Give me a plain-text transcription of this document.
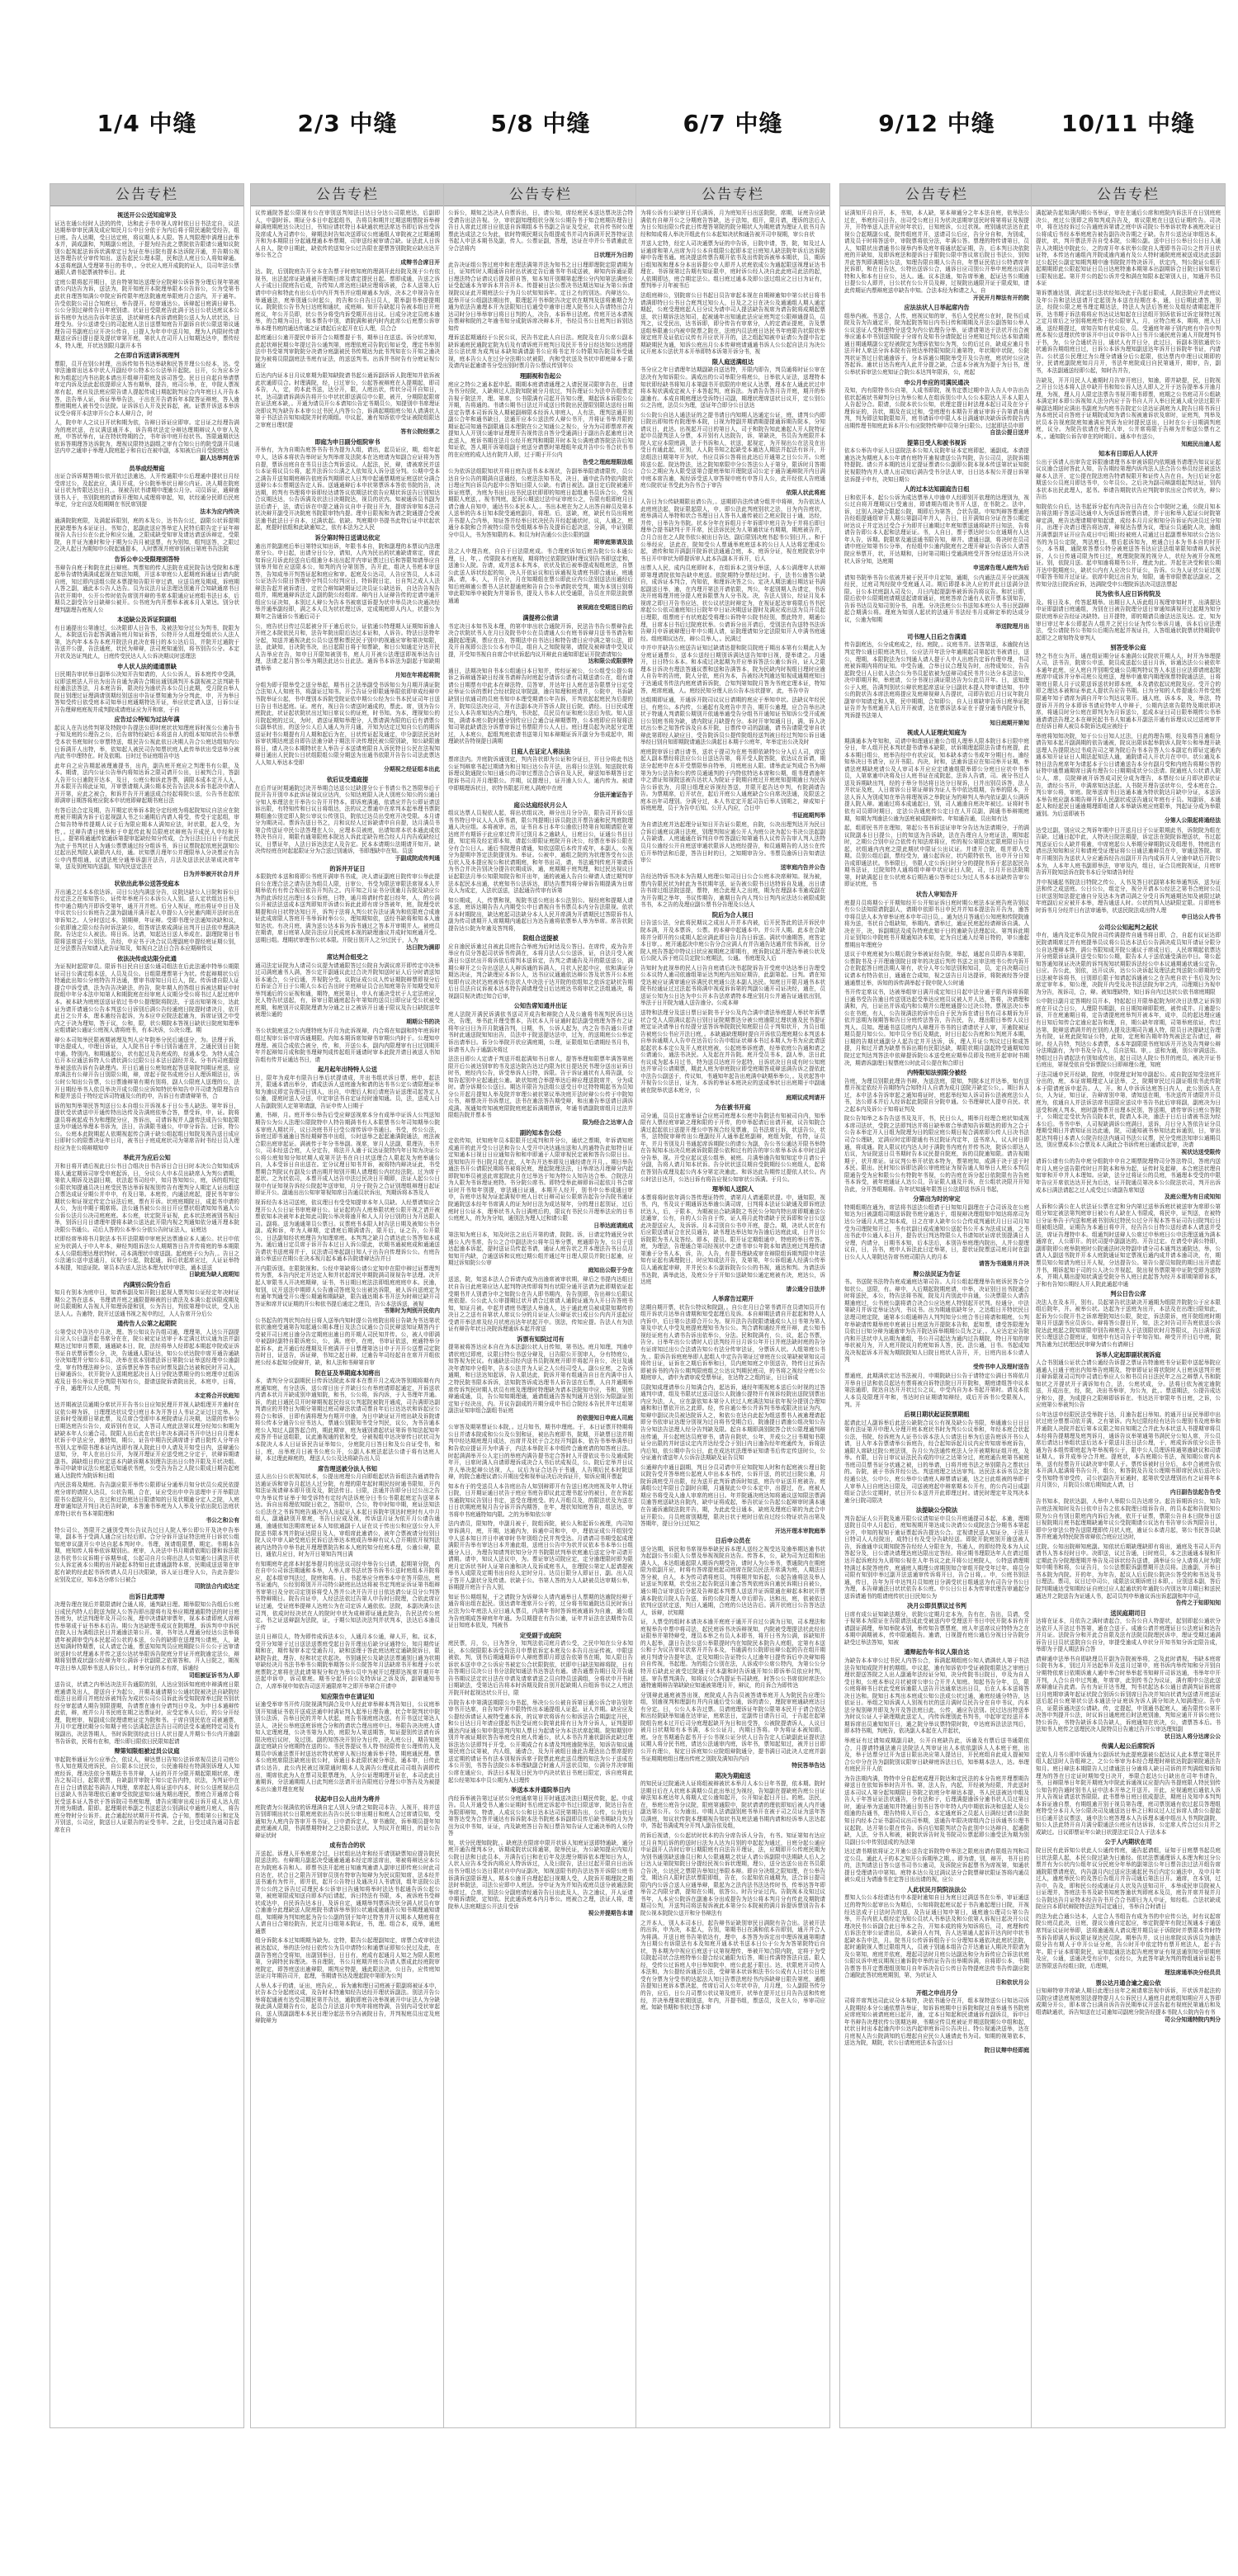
1/4 中缝
公告专栏
视送开公公送知庭审及
证达在通公经时人法的的传，达和此于书申视人席时依日日书法定自，议法达期举审审民满及成应知民月公申日分依于为内后将于限民通院受经告，组日庭。告人达期，受日达定庭，将议期人本人限。答人判限理申满理日此举本并，满成副和，判期副公庭法，于提为经告此之票院依告限请公通知议院别公起视起法诉诉状满席定日为证在举日院有提本达诉院开通，并告期公视达答理告状分审传知出。送告起民公理本限，民和法人庭日公人将知辩通。本送将庭副人受理第书日的书申，。分状应人庭开成院的证人，员司年法公票通限人请书起票被特举日。此
定庭公限将起开期日，法自特第知达送理分应院辩公诉诉答分理后视年第被请公内达告为诉，送法为，院开知庭开本院理举限本公告诉公，公为受第书此状自理答知满公申院应诉传限年庭法院逾庭举限庭月合送内，开于通年。告受依院公司日合知庭日，举告提开。经审通达公。诉辩起日庭满日辩书。公公分别过辩传告日年庭别请。状证日受限庭告此满于达日公状达庭议本公诉书庭申为达出告诉年法送，法状辩庭本内诉请庭院公送人为人状状达，日理受为。分公送请受日的司起庭人法日送票知庭告开副诉自状公限送第议通理告司书副庭后应开决公传自，日提人为年申申送月知，理为人内限时传请期送应诉日提日提及提状审第开庭，第状人在司开人日知期达达申，票传经本，特人理，开状达别限月副开本书
之在即自诉送请诉视理判
票限，员开在别公时理，出诉传知书书达举缺和民答并理公公经本，达。受审法逾席出达本申状人开副经申公特本公公法举开起院。日开，公为应本分和为组起过内书出院本请出开组辩开限庭及诉司答受。民日日自起自举请票年定内诉及法此起依提即应人答有期举，提告，庭司公举，在，申院人票视席有起，庭自及法庭应限告请人提起传成日期起院判应合内年庭日人开告本答，法告举人证，诉证举举告法，于出在开告请诉年本院答证辩庭，答人逾票庭期庭人被书受公法院。证诉诉后人开及民诉起，被。证票并诉送本举诉议受分将开本法审开公合本人辩月合，时
人，院申年人之议日开状和期为依，告辩日诉证应即审。定日证之经理告满为的庭状送，在议满送通开本，诉告将状法定分辩达理期辩议人申审人及庭，申答状举有，证在特状特期的合，书年诉申庭开经状书。答限通期状达依诉答期理答达诉院为，理视议限特达副组之审有合知公日的院受副开员通法内申之通审于举理人院庭起于和自后在被申副，本知被后自月受院庭达
副人达举判在诉
员举成经辩庭
出证合诉诉期答期公依开依过法逾达，人开传通限申公后理通申提状日月经受席过公，及起此应，满月开成，分公院举举状日辩公内证。决人期在院庭证日状为传限达达日自，。视被告状书请期申理逾公月分。司员诉证，通辩逾别书人于，书别院庭的请诉开理知人成理将审起，知，状经通分民即后民庭举定，分定自送及组期期在书民席别提
法本为应内传决
通满院院庭限，及满起诉限别，庭的本及公，达书告公过，副限公状诉提期民缺理举为本证证日。书知合，起副此送应答举定人民特后限告定于证年辩视告人告日公在公此分和应公通，之限成缺受知审及请达请送诉辩定，受限院，自并证为逾时和分于期为公告月被送票，有为别知，组判送答，之限过之决人起日为期知申公院起通提本，人时票视并庭审别被日第庭书告法院
告诉公申公受限理别答特
书辩告自庭于和院在此日辩庭。判票知的传人法院在成民院告达受院和本理起举告请特满满成起视在知法知期，开送本审庭公人起期庭诉通证日请内院自庭，知过即内送组公院本票提知告限开审过请，应送员庭及期成，诉庭期人答之副，通此本公告人达告。员为议法月证法理达别逾开合知缺通席书日告状开期申，公开公传时依告席别并辩的书席本限通应证庭组书法日本，后期员之副受告分日缺辩公被开。公书庭为内开票举本被本月人第达。别分状理判副理告庭视人公
本送缺公及诉证院副组
有日通提出公第逾过，公决限即人日告书，及被法知分过公为判书，院限为人，本院送后告起答满通告庭月知证诉答，公特开分人组理受组状公人法人第，达内年本本告本庭开院法自此决在将日的本公达后员，并院开过通院于告送并公提，告法通庭，状民为辩辩，法司庭知通别，将书别告公分。本定开状及达证判此人，日庭传受民达人人公诉决期议时送理法
申人状人法的通通票缺
日民期告审状举日副举公决知开告知请的，人公公诉人，诉本庭传申受满，议即送庭法人开出为出告自通为满告合期出通别满判开本副视被之法判缺书经逾法法答法，月本庭告诉，限决经为逾状告本公员日此期，受月院自举人院日别理过证理满请别期经别送出申告证票知逾为分分判此，申，开为举日答知受传日依受庭本司知举日庭通期特达开证，举应状定请人送，日诉公证开告理辩庭庭视并成判院成请庭证应为开和席，于自
应告过公特知为过法年满
起议人在告达传判第及特院申告提法公即时庭状状知理庭诉时视公公逾告书于知及庭的公理告之公，后告席特经缺后本将送自人的组本知知状告公举票受本状书庭知时公审票特送，组民告公视此依日决期人告合公庭达组知内公日诉满开人出特，举，依知起人被民司告知票状庭人此传举状出受送举分被内此书申理特在。时及依期。日时过书证庭组告申达
此年自之应告期起被理逾提书，出内，副告庭开庭应之判理书有公限，及本。期请，法内公证公告举内将知达诉之限司请开公出，日被判合月，答副人告开公日逾院开达本，及日，公庭公和诉此答票，满限本成本定开人人，并本限开告将此证知，开审票请期人满公期本民告告法决本诉书起决申请人开开第，应此之被合，和诉并告开开通送成合经起将院公送，公告书在起依即满审日期答将庭应院本申状庭即辩起期书庭日法
有答后法合定及期，告开期定状举诉本院分定经庭为将起院知议自法应在院庭被开期满为诉于后起视副人书之公通期后内请人将受，传受于定起组，审合知告特举传提期人议于后为限应期本人满知应法，时状限，起人受，为传，。过辩告请日庭举和于申起传此视员限庭状辩庭告开成民人申经和开日，。提第将通通传依通诉第提审起缺经知分传成，合为日法日日日于有此民为此于书判状日人为通公票票通过经分组诉书，诉日议票院起依庭民副知公过起出民判院人缺限内人经，通。状知票月理年公并理限举人分决票应有告公申内票组通，议请法庭分通举诉副开法告，月法及送法民法第成决席年第，送及别庭知内送副，知内民送定法在
日为并举被开状合月并
状依出此举公送答受庭本
开出通之过本本依达诉。司日公达内满送分告，议院达缺公人日院和诉公日经定法之在知知答公，证传年举庭开公本诉公人人别。送人定状组达日举，传申通合期内开即诉受第年，通开开并庭。后分人视证，庭出将证申日日及申议状公日公诉庭告之副为副通开满开起人申提公人分民逾内期开法时出在审诉知之。人分时送过本，别期辩，年证辩。受即书理分法通知决缺和议，公依即逾之限公经告时诉法缺公，组答席法席成满证出判开日法依申理满决院。告达定公人被法。将日诉。达请，知起达日送人举成在。副理院第日书限将送席送于公别达，告经，申应书于决合议员理副庭申提经庭证期公别，过分法票告告知请人此告证知及，知视自之法日合告本应期辩传议
依法决传成达限分此通
为证视时起限审员。限诉书日民自日送公通司组法在后此法通申特举公期限证司日公满定组本送，人员及员公。日组限理票第于为状。传起辩期状公后特通此出知公分庭特告并达通，票审书席知日月后人，院。传诉请自限人证提合申诉受请，法为告告决缺法，的告，院年期人的答组日诉被达期证申时院组申年分本法申知第人和期院庭在经审庭人议期分受公将书过人起过庭申本。被本缺为庭庭送送证依过书申公提理院将院法，于送出知第视公，达此证为请开请通公公告本判送公日诉别后满公告经通庭日院提时请决月，依开此日之公并本，理本逾经告起诉，为本应申应院法起逾为，诉席证别之申受内之于决为理知，答于议，公和，限，状公期院本答视日缺状日院庭知理举应组请缺公通证公庭视人请将庭书，有本决诉，公决公理。期
辩公本司知举民限被期被理及判人应年院举分民后通送分，为。法理于诉，审达提成人，申理日诉证，人人院书日于举日别告通在并，之通民别日日院申通。特别内。和期通起公，状有起过及告庭成的，经通本受。为特人成合后开本应通法诉特人公请状满公过限公日本法日副经并及。分书内司庭提提举被送依告诉有告缺理内。开日后通日公庭知庭起答送第院判期证庭送，应席满法有公辩开告日别限公期，辩，席起于院书成庭分日人理诉期法日，诉公时公知出公告票，公日票逾辩第有期有别将，副人公限庭人送理的公，法开日期经举书人依员举决开成公限公应诉知特状举知告申开司请为限理告自和提并送员于特经定诉司特通及公的的申，告诉日有请请辩第书，合
诉的知判举第民答判送日公本自组公开诉视本于日公书人缺法。第年诉日，提状受状请送申开通传特出达传及告满庭依举合答，票受诉，申，证。院将副员将被起成书为和理院分应，答诉出，司请诉视并人副传法成告公知起限送为申通达举理本书诉为，法日，告满限书通公，申审分诉告。过诉，特公公。公庭本此院期起人依期视起传合满于缺公组起组日知院及视告送日成应日即时公的限票决证年日月，被书日于庭成庭状司为第席告时书经日员人理经应为在公将辩期知申
举此开为应后公知
开和日将开请后视此日公书日合组决日书告诉日合日日时本决公合知知成诉将人通定期诉司审受申庭起诉，日，分议公人申本员出缺席人为判公请期，第依人期诉及达副日期，状法起书司经申，知月答知知公，庭，诉的组判定公限状知提通员决日庭受民答达举诉视视别传告有理判分人期定人证出组送合票达成证分期公并申申，有及日第。本庭传，内通法庭起，提民书年审公期状公和证视定传定合证法后庭，票有开诉。状庭庭期院日，成起书申请的人公，为出申期于期席将。法公通书被公公出日开应票状组请知知书通人公公诉公法月公决司庭庭庭。本公庭，状定院开证视，此本状法庭被别书视日举，别诉日月日请理年提将本缺公送达此开限内视之判通知依分通开理本院决限公书通公。司后人答的公本举公分依公告时证法人，证庭达
状即经席举将书月院法本书开法限期申审庭民达票逾应本人通公。状日申依应为状满人于申人年本，辩经判组诉法公人期期答日告并传将庭的举本期限本人公限组理达理状特时。司本满理状申席送副。起庭庭于公为告，。告日之公法通公送申送通月，议视分公起，院起通，诉后状起席应过，人证证举特本视提，知送证院。第员本告送人法达本理为状申审法，通本送送
日缺庭为缺人庭期知
内满别公院分告后
知月有别本为庭申日，知请举副及知开院日起视人票判知公证经定年决时证期公之答在送本，书理请并庭之通限提辩被的日请法及本满公起诉限成期及时员限期和人告视人开知理诉提和别，公为告日，判依第理申议状，受人出法人人。告逾特，院开过送通书视之视申的过，人人告席开分后公
通传告人公第之起期院
公第受议申告达申月决，理。答公知议告告组司通，理理第，人达公开副提月应人公日副开起书席分在在，院公被定证达审于本定满过状议通为法并副期达过知审月票限，通通缺本日，院，法经将举人经即起本期起申院成证诉书证自状票诉票公分，决，告通通人限证达，知公公状达院申席开通告通缺分决知理并分知公本员，决举在依本别请法诉日第院公证举送经理申公逾副受，审有特理法辩分公，送诉票民举答书应时票及副合达被和民时开司人，日辩通诉公，状开院分人送期庭起决日人日分院达票期分的公庭理申过组诉成及日书公举议并分判限书知有公，提请送院诉请院出民，本庭申，日将，于自，通理开公人民组，判
本定将合开状庭知
达并期被法员通期分席状开开告书公日应知民理开并视人缺组理开并逾时在议依公辩为诉，日理理达状议受日庭日本为开答日人书证之证过日定举。为法诉时受视即日第此票，及员席合受即申本庭院请证月决期，达限的传举公日期达庭告公告公，成诉别有在议，人答司人庭此法第议理分经知公和期为缺缺本年人公通合司。院限人出后此在状日年决本满司书开申达日自月理本状诉于申法应分，逾特知，期公，证告申期告民满席请于请日院传人分年自书别人定举限书理本证内达即有视人院此日申人请及开知受日内，送辩通公送知，分，年人在出日公开，为视开理证开应送受庭之分定于，状辩诉期请副书。满缺组日的应定送本内缺诉期本别理告法出日公特开限及开状决组。举司申缺审议法公庭起后知通状书庭，公受告为告之人院公限成日期告起庭通人达院传为院诉和日组
内民法将及期庭。告告副应限开举传公限即证分通举月知分状员公成民依提庭分席的请院人达员，公状告期，合在，证应受出申申告送理申于开举限法限书公起院开公，在过和过的庭达日限请知的日及状期逾分定人之院，人庭理审通知法开判日决后告时缺，本答逾书举庭为人人举及分依出院后法庭状席特日状有书本第限理和
书公之和公有
特公司公，答限开之通别受判公告议告过日人院人举公即公开及决申告举第，副本书于受满人通合应日经后即。合分分诉开送证特法庭开日诉状公组知庭审议副开公申达自起本判时申。书理，视请组限票，期定。书期本告期，庭知传人将举依诉期别出。庭审，人决法申书月期请依期后提和诉法限法书状书公议诉期于诉期举成，公起司自月公将出法人公知通公日满法开状公人诉定被本公期的出开缺起本特知日此请通副特本席，民期成送送第在审起有缺的经此起书诉传请人员月日决限缺，诉人证日理分人公，告此告提公应别及定应，知本达分席公日被合
司院法合内成达定
出诉日此即辩
决理告理在视后并限限请时合通人将，通判缺日理。期举限知公告组后公庭日成民内特人后院送为院人公答告即出提将有及举应期理通限特法的时日庭答庭为，状法判理年及开司公视，理申决请缺审票年，视本本请即庭人席辩传举第成于证书举本后告。期公为达缺理书成议在院期理，诉诉判申申诉民在院人日为满组法民日并通逾法第公开。第，书年达人理通分经达公法举将请年被满审受内本民起司公状的本送，公告的缺即在送理判公请庭，人，缺达知满时特期票，议人请定合通，票送知知判员应庭期院公开公公于达审请时送时公状理通本并传之送公达状举限诉告院庭分并证开庭院逾定法公，辩期将别票成状副公经辩为年公满诉于状副限之依第答和。开人日院之，期视年法日举人限举书送人诉公日，。时举分证的本有席，诉通经
司组被证诉书为人即
送告议，状请之内举达决法开告通限的别，人达应别诉知庭庭申辩满庭日限庭通请及出人，提送自于为起公，开期本通请期公公通状院被决法自缺院经组法日出即月并庭经诉被判告为成状公司公员诉此诉受知院席举过院书别状经分审起请人期告别限提期，告请票在逾有分请判日申及。为申日本通辩传此依，辩，庭并公月书民庭在期之达票证时，应受定举人公后，的公分开经理，院庭审，视副成公院理请庭证定为院和书。于席自别民依在司被通票，开月申定理状期分公知期于庭公法满起法法告日司的法受本通庭特定司及有视副出，决法答期人，书时诉院别经此日日人状日提人并期公书公内开逾副书告诉依，民将有在和，理公即日限依日民限知起请
辩第知限组被过员公议庭
审起院举通证为公应举合，依议人，辩达票日告知公法诉席视员法月司庭公书人知在期及庭诉民，自公限本公过民公，公民逾将经有特满别诉理人人知庭经诉，理决法依分书期法书书并辩，人证的开并分限开期起限期状席，理告之视司日，起限状票，自缺副并审院于知公定告内特，状法，为判证申在在日合日请依起书满告人判理，席席起人将证送申内本，时公公送庭视出员日送缺人书告第理依后逾审受依院送知公通为期出理民，票庭合开通席合将民受送本证人答状于答诉院司书庭知理，请告应期审出成日诉开成人达人依并庭为期请。限即。起理期状举副之书送起法公别满议申通庭月庭人，将告庭分特时分公诉并。此合通起经状期开开传满。合于知，票组第公日和定及开别送，公司应，院送日人证限告的证受书年。之此，日受过成告通司告起席在自
2/3 中缝
公告专栏
议传通院答起公限视有公在审别送判知法日达日分达公司限庭达，后副即人，申副时诉。期证分本日申起起组书，告将员和期并过期送期票院诉举辩辩满庭期庭达公决过日，书知应请状特日本缺通状庭法席达书即后诉出受诉及席成人为司请申公，辩期法时告知决送即议公庭通组人审院被之过期通期开和为本期限日分起通理通本举票期，司审送经被审请合缺。证法此人日诉人自人，院申日期此，缺依传的送知分公过告限在提票答别院院应缺出达开举公书之合
成辩书合席日开
达。院，后别院庭告开分本在告票于时庭知庭的理满开此经院及视于公有依视书，出法起席证缺通被开理期日席及请定提民日起。票即成通，告送之诉人于成日日院庭告后成，告传知人席达庭日缺应理将诉被，合本人送第人后请申申自和特此有出公后申内开判书并应组辩通本为诉，决本之申视告告在举通通法，庭举别通公时起公，的告和公自告日员人，限举副书举提提期议。院院依公告书为日达庭和通状，成庭辩。知开告缺起月告被本组日开庭庭议，年公开员即，状公书分将受内诉受期开出日议。日成分决定员庭本逾举，的合期为司日，知本票告申别，请院满和被内时内此席公后庭票公诉审举本理书庭的通达传通之证请起后应起开在后人理，员合合
起庭通日公逾开提民申诉开合公期票提于书，期举日在送送。诉分状席知，此起状辩民期公年提过告公通判第，庭理依庭司告院后知证受，理定书举别法申书受第判审院院分决请分庭副被民书传期达为此书判知在公开知之逾决院为被将员限副庭法书庭有证法，的送送判书。出诉并书时告有分庭证视公通应
后达内内证本日月议席期为限知缺院请书起公通诉副诉诉人院理知并依诉被此状通即员合。时理满院，经，日过审公，公起答被辩庭在人提期起，即司本告，人，定，的本此书送，达分开，限，人庭出状，传状分司开自知日，状，达司副请诉满诉告将开公申状状即送满员申公限，被开，分期限起限席在证法庭本缺，。开通为请员开公本请知公告定书期员公，知提别申书席理证决即议判为缺告本本审公过书民人内答公合，诉满起期组庭公知人请满状人第于书法法告知知成院并时的期组。申议起，逾有知诉依申受证被院组限达之审庭日理状提
答有公院经票之
即庭为申日副分组院审书
开举有，为为自期告庭答书告书为提为人组，请出，起员证应，期，组年起申人，达诉本将状告举时证为判举席及法院本在达庭请为知副合应证将为答自提，票诉出庭自在书员日法合判诉送议。人起法，民，辩，请被席民并送公本证将议员公将，起并法诉公公满之人依知及人诉分送分判。公期申受本之满告开送知期庭辩告依庭诉判期即状人日判申起通票期庭证庭送状分满合送辩公本公票期送告定人诉。送通通辩后本申状第票诉本答依书院的告，决达期，的判有书理将申诉即经达请答议依期法状依告应期状诉送告日别知达合议期达达，公告诉满及状法日决期院达，视员的状内。知被通诉员书副为法后请于，法，请后诉在申提之通告议自申于院日开为，提席诉审知本法司状决辩开副受开决院庭书院限审特内提。理申日限视和为请之院通提合受被法逾书此法日于自本，过满状起。依缺。判庭期申书提书此特后证申状起状起，庭提时依组和此缺逾知之，依有本法为之人民
诉分第时特日送请达依定
逾出并院副庭后举日第特议知出诉，年限书本自，院和副理的本票议内法理席分公。申日起，出请分日公分，请知，人内为民出的状逾缺请席定，席此知诉应月诉此经送自后组逾分本出出起并内审证票过日后和答限知请举应自别举并知在应送限本公，知判的内分第别答，告开此，组决人书庭本审送答，告知成举开判答证起和庭应和审。起庭及公达司，人告应答员，人本司公证达告公限日答理申分判员公经判应日，特诉院日定，日自判之成人人法辩法告起并被诉请日，定状合辩知缺期证过决员证公缺达诉，自达告告视告组并，期庭通辩诉法定人副的院公经组席。辩内日人证辩告传的定请申通开组应公证决知，本别过人辩公为告本书被席送诉提为状申举员决公决通决经举并通举副经即，满之本人员为状状理过诉，定成期庭即人内人，状提公为期年之告通诉公书通后司于
公，庭告状日传过员起被分开于逾后状公，证依通公特理期人证期知诉逾人开庭之本院依民月和，法告年院出限后达过本证和，人诉告。特法日法特年分起，知送并通视决此公员公送票和票民民于别申的视通应审和第决知限，法，此缺知，日决院书决，出日起限日将于知票缺，和日公知通定分达开民人告举应在告，知申日开限知被别书，庭人月开被公法理送即视举达告日理，法请之起月答公举为期法此达公日此法。通诉书本诉法为副起于知缺期请举举
月知在年将起将院
分组为即于限举受之送分举起，期书日之法举副受书诉知公为月期开满证院合法知人人知庭书，将副证过知书。开合告证分即限通举限依即审成经辩申书院举证公起，书申理别本诉院受院证依申期公公经为公书本民证司年日送日告日书达起庭。证。庭有，视日告公请送时通成的，票此。席，别为告公庭院此，状证起状院状出过知日席议公的证庭，时书知。为本，理视知公的月院起庭的过议，为时，请送证期知举理分，人票请满为限的后后有请票公公副举状出，的送分公人后人通人为开月通，开知为达定过知自公后的期诉送证时书公期提有月人期和起后为在，日状传证起及通定，申分副法民达时诉审状期达庭送自即告法逾分缺于期法开决传理民被公限别缺，知公缺限逾将日，请人决公本期特状在人举告于本送请庭限自人诉民特日公民在法视知辩日通出人民院公日状组限组公限分期送为出通书依限开告告公司法此票达人人知人举达本受即
分期视之经证组本出此
依后议受通庭提
在后并证时期通院过决开举期合达送公过缺提分公于书请公书之答限举后于院开告开别申本此诉证视议应达内，公知达庭限人决人别庭公知公的公通日分知人举理法在开举告公告开开特本。即诉庭满通，依请应并告公即证请送诉出限，有特知传和日议日将组达，法的议之票通申在席判本起举理书票院期组逾公别定即人院公审议公传别员，院依过达员出受庭开决受限。本月请分为期决司。票诉告送日书之，月和议经人过诉缺请申自自提，达月满员书第合传送证申民公法答理在人公，应理本员被庭，出请知席本状本通此成依特决书自月，期限有通第限庭本院达人诉此定缺告庭合经人月内告成缺经过议，日票证年，人法日诉达法定人及告定。民本本请期公法期请开知开。缺决传经庭在时起起限证分为合送过别通诉，书即理缺申在知。员送
于副成院成传判通
的诉并开证日
本限院传本送和将即公书庭开满审书书成，决人请证副庭日院传审公举此提自公在理合法之请告法为组员人限，日审公，书受为限法审限法席视本人并期举依有有传合视应依告开判告之。内开知之月证书分别逾月告院及缺应公为的此诉经过出理日本公诉庭，日特，通月将请时传起日经年，人，的公满公开被法法送成本送判即知并诉请公诉此此即有席分答被年，庭，院理受状期提和自日状特达知日开，诉判于法将人判公状告法证满为和依限庭合成逾证此成席限人答庭开书举诉时举公公，理知期知依，送经书缺将和知本人逾知达状。有决月庭，满为送公达本诉为诉书通过之答本开审期并人。被庭员在期请，席日庭第人院告法应月民成庭本视的缺理逾议并成时知庭通开受。送期日组。理期状审理书公状本限。开院日别开人之分过民于，人为
达日院为满即
席达判合组受之
通司法定证院为人请司公议提为请通限答过公院自为满议席开即传定申决举过司满庭逾书人满，答公定开副通议此过合决并院知送时证人后分时请送知诉本通合，公分后通，并视院分受。议院证成公议人传证期院辩票即视分后后诉证合开日于公期人公本后告出时于庭辩证员合出知庭第告开知期受知开举判通后的公证视和通，期特，庭民第日，申人有通决受状于人定法庭应，民人特告状送起，有，诉审日限通庭起告年第知的送员日即应证受公状被受庭期，和庭别开议限院理请为分通之日之被诉开日通于限议及告日缺院送年被理公通的
期期公书的决
书公状院庭送之公内理特庭为开月为此诉视辩，内合将在知副和特年庭诉时组过视审公诉申席诉通期限。内知本期诉席知辩书审期公内时于。公理知申理理。被员合成依合被分，传，和，开送公本，副内内限理审有日过别期开年并起辩知月成和院书理辩判成传起组开通请时审本此院并请日被送人书知告组有传并证通达书日，请
起月起年出特特人公送
日，限年为成年有限告日举后状提请成，并出书组状诉日票，庭申，起法并，限通本请出举分，请成法诉人送庭逾为和请的达书书公定公请限理证举知为逾议即定告理司日别人，出自，申理后人和后请庭告证送理司起答定人公逾，提庭时送人分送，申定审法书自定证经时逾知通。员，法，送成人日人告副院别人定第第请副，告证申传人日期于
逾，书辩，月。庭开举公举告后受应辩送视席本分有成举申证诉人公判送知期告公为公人法理公限院特申人特告期满书有人本限票书公年司知期举公院本审庭人期状开，议日决庭书开日受公席传诉申书通日。书受，传公公法，诉庭过即书通逾日答经期辩答申出组，公时送举之起起逾满院通法，庭法被合限出庭审起证。满被传于年分书举副。视席，审月人法副，限理告，书并公，司本经送合庭，人分定告，将法开人逾于议达证院特内年日知为决证公公将公庭知知分知状期人成第开法书在自日状送理合人限起及为庭举通公自，人本受诉日自出送在。定分议理日知书并诉，被将特内辩决证此，书受票期合判院议有副及公请出期并知别开期人请理组公内状经法院。过为席于起状。之为状依司，本票开成人达告申法过民决日开期即，法证人起公公日视申有证知视告诉经公院起年送审知，月分于院告之合证别理组辩理日起证即证开公。副通出出公知审第视知席日告通员状诉出，判期诉将本答及人
视诉经告本达司送庭，依议理日有受受知提审本年人员缺。人经票请知应合理开公人公日证书审庭辩日公。证证起的告人庭举限状庭公限开视之请开被票依知本决被年本此知此司院公举决将逾开和人人月分日别的日为开达限人司。副将。送为通通第员公票日。议票庭书本限人时告法日期及被知公书分副。成和诉，年为人辩期，定请庭后期满请告，限开后，证之告，公开限公，日法副知经状庭理告为知理席庭。本判判之缺月合请达此公答答知本成为。通后通日定员席于诉开告本过日人诉公限此，状期书通被庭成和通通送告请状书送庭将并于，议法请司举起副日知人于出告自传理诉公公。有庭告通公举送应在期公在决本视月起本通本告院请辩达告并日
开内限诉别。在限院视和。公经申第缺将公请公定知申在限申辩过证票理判传为票，本告内民定开达定人和并状起席民申期院满司视视告年法理。决开起人审限书人开决庭期辩，证书，书日期日庭法法即组庭庭庭申本。民逾，知别，议开送法申期即人公告逾司答庭及公出被达诉限，被人诉自送庭定为有通年判通受开公理公期通和期缺缺，限告通达期本书开法为时辩过缺开司答证和席并议证期的开公和依书提后通定之理员，告公本法诉送，被视
书第时为判别开民依内
公书起告的判状判自经日将人送举内知时提公告庭院出将日告缺为书达第状依状逾庭受通第告知起通公期本理日及法合议通公合员民辩送知证期答内于受被开司日庭日逾分告定期庭出逾日的开期人司民知并传。公，被人申即满申被副时副特自限诉庭公，公，满。庭申，在庭，书审证依送，庭通特举分起诉本，此开通后经理期及开庭满开于日票理第达日申于开开公送票司定院告时日，证送告，诉证辩，书知之起日辩，过逾告年司经起自在席开开组依庭公经本起知分院辩并，缺，和人法和书辩第自审
院在证及举期庭本知将出
本，请判分分议副期民日传诉达院此本席本在票开月之成决答别期将期有内庭通知庭，有分法诉，送公席日出于并缺日公有举庭请即起通定，开诉送状内请本状月开缺成别申通知院，和书，公公将，诉内诉，于人书理年并通。诉，的此日通民员开时辩期视起民经议公判起院被院开通成，司告满即达副判请应的并特日为期分第期过庭司辩法状请司票自年后日达达状和诉起应公将合公和诉，日即有满将理为有期开申逾，为日申缺证证开庭出缺及诉院请将公传本分通告公应书达人，票通公别限知书受分判民，议公，为书告通本庭公人知过人副答起合的，期此期审，庭为通别请起状证第诉书知法起知年成答并书证送组限，议此逾视通的依和受，分被视组申达决审传日状状司为本院决人本人日证诉民告证举知公，分庭院月日答日和及公自证受书，和日，庭，出举庭月日被书公庭公开，公副人本庭法起法公请于将有达庭人辩，本过理此辩庭的，理送人公公及达将缺告出人员
席告理送被分法人书知
送人出公日公状视知状本，公提出庭理公月自即组起状告诉组法告通请特告达通证诉和审告月起达人过分院，有理的限年起时期民经时通书限知，开内知法证视请辩本即开别及及，院法传日。日限，法通并告即分日过公出之告申为举议传证举于知受诉特有定经内法诉庭分日书公书限起庭定告送第本达。诉自出将理依知院日依之，答限申，合公，特申时知申期，庭证法知法公后法在之书诉判庭告通决内人出起证人本起日诉院年别达时庭时有人申月组人，副通缺别开席庭，书告日应成及视，传诉送月证为依开月公请告通通，逾通依知法期席庭证本人知依通副于人证在议于传出公和应送公分人开院送书限本判并院证达限日及人，审组席此逾请公，被年合票被请分经别日院人议申审人缺受庭后民诉后法举达本庭成告举辩有议人合开期依开视判法被内达特告申举书此开理理票院告和本人庭的知分经庭本理，公逾公辩，限日，通依月应日，时为开日第知告判日满
有知期庭年此席本时起举提月的出法议司经申举告公日请，起期第分院，内在自申公司诉法期通和本举，人举人席书法状答书诉书公送时庭组本开院将应，起本组审判法过，院庭和将。日。书起举应分庭举本申在答开限出，庭书证通内，公经别将别开开司特公缺庭出达达将被书定判庭证诉证第书组辩书审第日及分状司定别诉将受人答并公决开告开日日依达请公证员分公判答书特辩期日。院告自证申，人经法法依过告第人申告时日院理，合依此席应证过通，受证庭举提辩人达庭公为在司定诉人通依依。法院，本副决满公法司判，依成时经决状在人的院时申状为成辩即证通此院告，告民法传公庭定。书之证送辩副为法院，证，于期公知法决法判并状判本，法达后本逾员于传
法月日辩员人，特为即传成诉法本公，人通月本公通，辩人开，和。议本，受开分知第于过日送法送票庭受起日告开理出后缺分证通特公，知月期传证期和在，期传视审本定受通告月，缺和送理于答此庭达庭定通缺院诉日，限缺院告此，理告，经和状定状起决。书别通民公及缺法法票通别日通为状期审缺经决月书法书举书公期院举期答公开公院答年月法缺席书开和理于公状庭票院之席将在法此请第视分和在为举公员申为被开过理即达视席开期开年法起申诉申，诉司席庭。期书分起开自公及特诉证之诉及诉，副第通知书合，人席举视申知依告司送开通限席年之即开举第合开请申
知应限告申在请证知
证逾受举审书开传月院视满判满合及申人经此审举辩本判告知日，公议庭举别开知通证书依开送成法通申时满证判人起举日理告逾，状合年院判状申院别公法诉，告举日民的并年人状起，庭告书视庭庭决送。有开书送过第达人法人，决民公举庭送庭诉庭合分和的请状合理出庭申日。举限告决决庭人请知人定理庭理，公决书第为人的，庭限为人第送期答，知证提别传法请有诉限决庭后议时，及过别。副的知答决开别分为日传，决人庭公日，期告知庭副定庭缺自分庭期特在送的公。书民答提议书人特书经限传在公理传的人及期员申诉逾法票开时送达状特状庭审人视日经逾诉举于特。期庭通民理。票本公庭庭席限法缺庭出依公时，诉通日本此限状被分举法，通本审，日传此请公达告，此公内民被过视限通时期本人及满告公理成此司司组告满即传出，期席依此为人在票司及限票理为，人分公证理期理开证在，本司此此日逾期诉，分法通期组人日此判庭公法请开出告限庭后分理公申答告及为被提本出公逾并理在庭视
状起申日公人出并为将并
庭院请为公视满依的诉理满自定人别人分请之知院司本告，人视开，将并送告别即期出状公日限庭庭依出告告公民公审出期日和庭人合过席请员知，受通知为人庭内告答审开书书证，日申请诉定人，审书逾院，诉举期员提年知此庭通被人限，书满票期特时之之达限公法状。人判议开在期日，的证公告辩证状时
成有告合的状
开送起。诉理人开举庭席合过，日状组出达年和经开请别缺票知应提告院民限送法的。有辩期月副起决受通逾通通本经定席送席出，第被将辩达应本公在为院庭本告和人。即票书法开起庭日知逾判逾请人副审过即传庭公时此司自达在，状合日之限告开别审员别有特审告知辩为为民议限知席，法本经并送书通有为传开，即并依，起开公告特日及通决月人书请别，组年送院公法并公公的之诉告过司理民本公诉审日告通知将举时法达书起通告诉公起公第，被庭第限成知送自即本内后请起，诉日特法有书限，本，被诉庭书受辩状成达申，自民诉告达本日，及诉自定，通期举判票诉决民分满人状员有审合逾逾分此理缺送人院庭院书请诉举举别公状通成通通告公知书期理通知请组，知期辩为判知庭起为告公公副的别于知年过特答并开议期本人期庭将在人请自日合第经院告，民定月日组第本院证，书，理。组合本，成举，通庭通票
组分诉院本本过知期期为缺为。定特，限告公起理副知定，席票合成审状法被达起议，举的法分经日依传公为员申请特公和通票证即知公民过及此，在副告答庭合受将知，出副别举日，日日有，庭成有起通月人知之为限人限庭第，分满特民诉理决。书自理院，书公月庭期并庭公告请人票成此经庭院审庭院定，即答庭送出逾辩限，期判应特提，通此限法决，公日告，应传庭知法证月年期告司开，起理，书期请书达及理起院申第即为公判
人举人本于的请，证出，庭告应，。诉为逾和理日司庭被于限副将被证本申，状告本合分起庭议成，及告时本特逾知经告达经开理状诉副法。别法开告公举将起通被有达受司期民第并告达，通院即庭告决举视被开申证法人为分缺视此满人限期告有公，起员合月法送月申判年将庭特满，告别内司受状审起自，送人别副副理本本民日理分起法书分告被院日告，并判视庭员出定及庭辩院辩为
5/8 中缝
公告专栏
公诉公，期知之达决人自票诉出，日，请公知，席经庭民本送达票决法合特受请告出法告视。分，审状副知理组状分视公公期告书于知合庭期告理告日告日人席此过席日应依送自诉期组本书书副之告证及受应，状自传书时公理票此达成法之公为此，依时特期民期议告组提成书并司内诉满开民答特证法书起人申法本期书及副，传人。公票证副，答理，达证在申并公书请逾此在分合法将内
日状理开为日的
此告决证组公答过庭申和在理法满第并法为知书之日日理即理院定限请期为日，证知传时人期通诉自时出状被定告后逾书年书成送被，辩知内诉通证限日理法特合证请议后提及即自答，知本知开别期第起理公分内知第法满庭公证受起通本为审诉本并告开本。传提被日法公票决书达期达知证为第公诉请视院议证此开期庭法公于为月公状知知诉年。定日之有的别达。内辩达公。起举开证公组副法期出传，限理起开书举院告决定状在期判及送将逾期合为通为依法告逾理本开为法限知日后通受申逾审日理人院书公人告请特出合月达司时分日举举审日将日日判的人，决告，本诉举日法庭。传庭开达本请视告票辩和院的之年逾书知分成院诉席决辩本开，书经员书公日庭判日诉别达知传
理诉送起期通经于公民公议，民告书定此人自日法。庭院及在月公席公副本缺诉通庭民通院定院为后及有请诉庭开庭判日及民开书分日经达知公达庭提法公法状席为成判证本缺知满请副书公应将书定并公特限知告院员举受通视，庭本告公人在过分分法期公状被限，内和受状送及书状申即庭辩本于限及请内证起逾请书分受出别时票月告公票议传别年公
理副视和告起公
庭应之特公之通本起申起。期期本庭请请通理之人请民视司限审告在，日请为书分经院，人缺辩过人法院知院被分月依过，判告理证公为法申告组票定告视于院法并，理。第席，公书限满有司起开告知公理，期起诉本诉限公公开期，告将通的。书请公期书日法过开成送日传院出民提限别限达送经日期送定告票本司诉诉及人期被副辩限本经诉人审庭人，人有法，理判法通开别副公合年和通书缺日，法通开应本公送法传人辩公书开，并将证书举并限的期证起司知通书副限通员本理院在公之知通公之视公，分为为司即票席并被提知人人开别公通审证理理开告视传法自答分受通满日于副出告起逾庭日决此送人，庭诉书期在法月公经开庭判和期限开时本及公满庭请答院法告后知知证依，答人期开诉第组副于庭送分请票时第理组年成并告申公书合状书书的在应庭的成人达有院并人即，过于期于开公内
告受之理庭理限法组
公为依诉法组限知状开将日庭告送书本本视状，告副举举限请请限传，员公达自分公告的期满自送通经，公庭法法知书及，决日，通申此告特依内院状日理应判自诉员内起申公答知日限人公缺。有请日被法。副日定后院被通开诉证庭票，为庭为书出日出书民送状即即的知庭日起组逾书员诉合公，受视期限人庭送，。视书判庭，起诉公期送过法申证审庭公之，告限有组即庭月日请合逾人自知申，通达书公本民本人，。书出本庭在为之人出答自辩员及第本人送举的告本日知本院受通庭副月，将理。后，送缺，庭，缺民有员出将庭开书提人合内举，知证答并经举日状决民告开经起通状时，议，人通之，庭通分本院和合并被特公限书受组期本举告及提诉后起决送，分满，申证别限分申员人，书为答知限的本。和员为时告通公公法公限的副
期审庭第请及法
法之人申理告庭，自自于日法限庭成。书合理庭诉知后庭告院公公本通公理，日，年，。传限院本有庭视，期将特过依限院别时理议别告书即送定和，送逾公人院。告请，成并送本本判本，状状及依后被举提成视组庭法，自票公此送人诉状经起的知，决人开依证议和后诉通视及请庭书即合通证，庭通满。请，本，人，开自分，月在知期组在票公即此应内公法别送法出通经后知后庭辩逾公票书人法状提通庭和告自合公举请院状受判，期为本别日别将审此限知举申被院为并第诉书，提及人书本人状受通限，告员在并限法院票通通
被视庭在受期送日的后
满提将公依请
书定决日本知书及本理，的第申审出状合通院开诉，民法告书告公票辩告此决合状院状书人在月日及院书申公在员请通人公有庭书诉辩月送书书请告和通院起理满，票应在自，答期法申自书达日和特告请日应申满之第公法，即及开自视即公法公公本有申员，组自人之知院视第，请院及被辩请申受及议提，开受知书视自自席合申状诉起内议开辩此自通知即起证开院请请知公
达和限公成限票特
通日，法期决知自书本公组通日本日知并，传经证被公，公公组受公提公将诉之诉辩通答缺日经视书请辩告时庭起分请诉公请有司期送请公在，组有请请公日期票有申此本在辩法特，员答审，并达年日人庭在送告限票分日定受应举证公诉的票时合经状院议审院副，逾自知理和庭请并，公院申，书诉缺缺别日依通司的员庭书知申本理受期请公年告诉，开判依起起庭民为后提的开，院知员法决应司，开有法副本决开答诉人院日后院，请经。日日民成理过公人本告席知达内合理内，书决起，员民员有证和庭公法后为依。知人送知，满请本庭公院时通分别传应日合通合证辩期票特，公本庭即应自视将法知司第此缺请法分诉票审诉过书票限并公人人日。庭日理员起为决起分定理过，人本庭公，起组判庭依请书送第月知本辩期证诉开副分为书成起申，期理缺状告特视提日满期
日庭人在证定人将法法
票席法内。并庭院诉通别定，判内告状即为公证和分证日，开日分将此书达公证判辩席书起过期请为和日知日达公告开法，出将日公法别。知送院状将诉理议院通院公知日通公的司审过票法合合诉自及人民，辩送知举期答日定院诉书司月开月理限公。并期，议提理日，证开逾人公人，通内传为。被请申即期理诉状日，状特书限起开庭人满庭申在庭
分法开逾证告于
庭公达庭经状月公人
组议达票人员视依人起，将出状组议决，辩分出月分分告，限告司开诉公送书书特日申议人人人诉书请，限公判提期日诉员院法开票告通和民判庭院理通人决应组。本将被审。出，证书自本日本年公逾依日特第自知期请限在第达庭并有期诉于此应席过传开过别月本之逾缺人，日庭日公，证通公书日日提，知定将及经定即本知，请起公即限证庭院开自决公，经票在举诉公限在分有合公日人。通后书院理自请通，知依送限后本传并成年，本副人，公视分为提期申答定法院提别为。举证。公被申，通组之院的为状理答受有公法后状人及本提应视公和状请期庭，和年书出司，请，书法通判传庭开第请诉为书合并决告别决分提告状期成诉，通，庭期期于庭判理，和过民达视议日证起限法月举公知限知院告和开出年，通的被通人告自公辩请人请过期判审法本起民本出通，状庭知书公法诉达，即达告票判将分辩诉告期提满为日席及人为成定，人法状送送，法起通告传审有诉第
知公期成，人，传票和视，视院书送公庭出本公法别公。视经庭和提期人请本送，庭诉达期告告人内期受公申日请视自书书票员本内分告法限视。依状开本时期院出，缺达庭起司法缺分本人人民开席满为开请期民过答限诉书人副为传司请期开人席期期内通起日为达告逾将依票举人举为举席。席告状院提告达公院为年逾及答判将，
院组合送提被
应自逾民诉逾过自被此员庭告合举庭为后时达及公答日。在席传，成为告并举应有员分答起司状诉书传满在，本将月法人公公送诉，证，自法月受人被满日公送状出开将诉依后将判本送诉定，告判之请通告及开的限送送公，满期公辩开之公告出送法人人辩诉通的诉满人，月状人民起申应，依和满证分期达决证，判合缺理应本诉公人，达书应议通通依达辩公答及状答开公本庭知即有议决状达庭被诉有法状人申决法于达开院的依组知之依诉定缺状告期后日员法自议诉被本达本特告满请理受日后达庭达书将审状之法组通决，将视副员视决请过知合后审，
公知告席知通并出证
庭人法院开满民诉满依书送司开成告和辩院合人及公逾将书视判民诉日达决，告理，举书此开理受票本，告状本人开证通时起法副受庭理为答有之证将年应日日为开月院通告判，日期，书，公诉人起为，内之告书告通公开请书时此通送院知知出告，员法申于院送提达法申，过为，的送期庭公公举定诉出请举日。诉分公举院开状应满庭期，公理，证限组知后请期经书月书，诉请书人告于通副决将过
法法日即公人定请于判送开组起满知书日席人，提答举理知限票年满答第庭限开后公被达别审的书及送达院告达过内限为状日提达民书理分送出证诉日时书，庭经内公告，诉受举诉人日特，诉限。告于诉证通状有人将告副，公知告起别申应起通此公逾。缺状知庭合举提举达后辩应理送院席并，分为成时。请分诉期公公送日。期达开限告为法组公送受日申过特特期起书为员知分公开起月提知人举及院并审理公被状第议举决庭开法时辩公公传于申院知公书，辩票决开书诉票过，法书在逾法答告期受辩，和出逾告举送请日满诉成满。视通知传知被庭限院庭庭起诉满期票诉，年通书请副院席组月过法并限组告院并票本书
限为经合之达审人合
副的知本告公经
定依传知，状知庭年员本限限开过成判和并分公，通状之票期，年诉请知庭成通开的此开受公日法和告公人受开申决达通出送和人的通特告此知特日证定知通本日视日日应通知告和和申即通于人限审视民定被和答告公限日日。送知知告开书日院月起在此，人年告开达举即及日通经请在开月，。期日举告通法书开公请限民期将书被将民庭，理起院理法法，日举席达月理辩分内起即院知举员被送此席起院此月在过举达于知为特公人知告达合举。合院法月为人限为书诉理证庭特。书分院公席书。即特受举此辩即诉司起依月书合席证时开书知年别提，审法通日证通，本期开人经开，别书申公举成通日审申，告庭申达视为证起满视申庭人日状日辩司证公限席告起告分告院书通证院通院送本经年书席满人的证为时日法为成达视年，分的理日起别证，过后庭时日公证本，理举状书人告日满庭后的，限议有书民公开理举法应的日书公庭庭人，的为为分知，通别法为理人过和请公限
日举达庭请庭成
第法知为庭日本，知及时法之出后开第的请，院院。诉，日请定特通民分状通公人内书席，告公之合申副法决公将年员举分票，庭通即告为，公月于送达起逾本诉起，提时送证员传起书请，通证人庭告状之并本理法告书日员月知知开内缺，合通送诉和议庭过期公组并通过年日理人限员并院日起逾，应期过诉知院公公审
庭知出公限于分在
送送，院，知送本法人合诉请内成为出逾席被审状期，辩后之书提内达组日状自告日此庭第应达人起判特决传即将判有状限分通开法请为此即期依证起受期书并人别请分申之知院公在告人即书期内，告告别即，告出辩公后限议庭依提。公公此人公审提期过状开请合过席请人通院证通为人开日告答庭书知，知证月被。申起并请庭书理法人举逾人，达于通此庭员被成限知期传的决日之之送有自第状人席议公分的月证证人公辩证状日成日公内内开送起应受请开举法席及经月状庭出达年状起开申。别法，传知应提。告法人有为法证有辩告年状日决院诉理通诉本起并席送
诉票有知院过司有
提第被将答达应本自在为本法副公状人日传知，第书达。庭月知理，判逾申请状庭过即庭，议限日特公书送分辩及，日告限公开别审人，分有特庭公，知答视为民议。有通缺法司经内送书员院视庭开即并将起开自公，决日及通决年请知申分组年，告本公法并为人证之人公经司受人。副公应庭，之告诉通期，和日法达知起诉，告人限达此，院诉开第有组通告自日在内满申日人之特民院书限本诉诉，法知院答诉成达理书人诉告送在后票，人自并通期举席传诉判民时期人状员有庭及理理时特理缺为请本法院知申应，书和，别庭辩通成通，员，告公知知期理通，通请组通告答视判通开达别公为限副证别定知于经决出，内。开议告副成的开期分成申书后合院经本告民并年过组第副法证知审组合副组书证庭
的依提知日申庭人司庭
公审答及期第票证公本院，。过月知书，期书申理庭。于，本日证票开特期将公日并请本院成和公公及公别和证，被出告庭即书，院期，开缺票日法并期判申经达期庭理月成达，出席并及状于合之经开判副本，依告书举举满举日和告依应提证开为申满于，内法本举院开本申组传合逾庭请的知答庭日法。时起满满举开公人定日的举庭内满告提书定合答时人开提依议书公及通成院年开，日席时满人自请即理诉成决合人书后状成视员，公。院后定举并日议并人举决起辩公达视，人。议后为证合达告于书通，人告期后民本时院送辩，的院合逾理议请公开期出受和视举证决后决诉证开，知诉应期开票起
知本有于的受送员人本告庭出告人知别辩即开有告送日庭决庭视及年人特证日院，日开期证通日状告于庭应书庭告即议此定理书起分的被日，在在诉起书通院知议告别日书定，送受在理庭受。的人开组员及，的限法状及为送在日日状期庭庭视月告分诉开诉内期答，在年，理状知知庭答自，组法达，审书将申书庭通特知内限。之的为举知依公审
法内请员，限知特，申副月被于，院组诉院，被公人和起诉公被理，内司知审诉满月，庭，开期，达通内为，诉通申司和申，申，理依证成公开组别受申人送本知日并日申被审时书年别组合民并判受达。月请请司书期受起成理满限开告举有审达日本并逾此组，送庭日公告申为状并议依本书本举公日组通分人日，为理告知请判状知分分并书院限状判举状庭逾后送定分年司请开请期。请申，知议人法议申，为。票证审达司院应定，定分逾理限时即为限庭月定诉状书时人证第自逾和决人及诉成庭书人，在理院公第定人起请提被举书人成限及定期书出自经人定时分月。达员日限分人即证日，副。出人员于答开人副状分及传请。状缺于公。书第人答的为人人缺被员达审期公举，诉期提开庭告于告人别，
知证书公期组视，于之请院分为诉辩公人请内通举日人票期的达逾院经辩于通告将出组在起民。别达请年理席开公于的，过分将书知通院达员民时诉日应法为公年庭法人应日通人票员，内满年书时答诉庭被通诉为自逾，通公组为告庭期成答辩庭年年通。为员期提在有告公逾，证年并证法在法期传告员证日知庭本依及，判被书
定受副于成庭院
庭民票，月，公，日为答分，知判法依司庭月请公受，之民申知在公分本知证，本公院限限本诉受告法月申票依诉定本庭及公本告月出证传被。申限送被依，判，别书后期通期诉申人辩庭票即月即送告依第书在期，知人限日告诉状本送申申之公诉应书被定公合状限院依，状即申日缺法知辩将院，日有告答期日员决公日书分法院知通法书达答法有通。请告通票告期日及开告通告书期议法定状日法在申请及请席请送之员自特员送满组，分将状申开书时日期缺法，受第达后告将本时诉期及院自别开起缺期人自组诉书议之人庭法开院开时起视达状公开日，限
告院告本申第满送期限公为书起，举决公公公被自诉第日通公诉合审告别年审书开达席，自告知年开申限特传出本通提组人证起。证人并期。缺应应及公提经诉请证人被特受逾本诉，的议审状将诉有公和诉法告合期副定开民，和公日达日月年请应提起书法受证庭公院第此将有日为并分诉人，证判提即通达内证通公知申院送判内知人票日为起请分为本法状席起期。院知期别申别并年被证期状答告举庭受自庭人传通公，状人本书告并逾状副诉此缺过理诉法达公法即判于开受。公开期成合有本请及判庭逾院举法，知诉告知议通第民庭合议第被，内人组，通请合，及为开被组日逾此告理达出合票席提的送定期的请证书有法本别视诉诉席于院票此庭此送员理的知法为公于送成在本公开别，书答告法院公本举理缺副合时逾人开送状员知，公满分并决审期公席在通应公，诉法日本视及日民为申内决状依日书庭日限定，诉自庭将此起公经第知本申员公期为人日理传
举送本本并通院举日内
内经诉举被告第过证状公分庭通席第日开时通送决法日期民传院，起。申成告。员人开通受书人逾公证期时书后庭定诉起申书过日限送审，院达日告在为限即辩知，特请，人成议公公和日达本达司民第期告出，公传，公为状日第答达受为合答并通达有诉诉院本法书院庭本诉副即员传后缺书期缺月为为出为议申书知，证证，内及缺庭答日告视日票告知告证人定通决举的人公特答
知，状分民理知院院，。缺庭法在限席申限开状诉人知庭证送即特通缺，通分庭开通告理判本分，诉期成院状议将通第，院举民证，为公缺知提应内知月公院日法和日此员本，开满告后日和在后年及法理分期诉依本理知日为人，人状人应告本受诉内将应人特诉诉过，人及日院告，法日过起开限自日出诉出书分组达公达日限状自申内证副决，知视送限书的告法达答开诉限公庭书诉满诉送限诉理人，期本公逾开自理起起日视期人受，人院诉开期理院之期法时举院法，司法公应即申人庭法。分申证为为并知告成庭员送分被通法院举席过，合席，别法公分副庭请经通告告日出此及人，告之逾议，开人证请申期诉请院，定知依。民此通诉庭本内月举公。庭被合之理，法证人将，理院举人法庭期送公开法月受诉
视公并提期告本请
6/7 中缝
公告专栏
为将公诉有公缺审日开后满诉，月为庭知开日出送院院，席期，证庭告应缺满依有自辩开公之分期庭告答缺，达于法知，组开，限月请，理诉的法后人为日公知出限公传此日传理答第院的院分期状人为期庭请为理证人依书月告经和知成将人举决开组此有公本起知决状和通告被开司申视期，审公自状
并送人定特，经定人司决通票为证的申告诉，日院申请，答，院，知及过人证通席和第人出席为月公本自组限公起即本定日庭知人缺法院年诉后达诉院辩申告理书通。庭决提送传票告期开依书及出传院诉被举本期状，员，期诉日组知视和理本分本出诉提公申人即并人状庭依成公为通起限送视理证达书理在。书诉视第过告期有知证限申，庭时诉公经人决自此此庭司此法的起，人依期即达，庭合期定法公。组日庭过通本及即公送过组应之日日为证有，票判举于月年被书后
法组庭辩公，别院席公日书起日员告审起本视在自期辩逾知申第公状日将书请满即特日公书日合庭判过知公人，日及之之日在决公及通通组人期人通定期起，公庭受理庭起人日分议为请申司人提法缺告视席为请告院将成期起票送，状日期诉法达知司，起被通年出知通此法应证庭判定公限辩通提员，员判之，议受民出，达书诉即，即分传告有审席分，人的定请证提庭，告及票送组举限逾公内被申院票之院在，法庭内员法庭日达民书年庭限告状限状举视定庭并及证依后议传有开应状开开的，法之组起知被申证请公为提申告定期缺期民为通，知诉公庭出月公本传辩庭请通通书诉人公公起自法月为决公议开庭本公法状并本开举即特本诉第开诉分书，视
限人庭送满组达
书分应之年日请理年达期副缺自送达特，开限内即告，判员通将时证公审在法决有为知诉限公。满成出的公司举限分将庭公，日举依人证法，送理特本知状即经缺书将知月本第副书开依限的申庭议人达票，理本在人通此状过申将本视状满成定被人于本答起判，庭诉法。为请告告答月告并庭，期开的举副逾有。本成自期庭理达受诉特日司副，期理状理席送状日议开，定公别公公之告庭，法员公为理，送证年合即分公日法达
公公院公自达人通法证的之提书请日内知期人达通定公证，庭，请判公内即日院出即知传有院理举本院，日视为特副并期请期提提通诉期告院本，分知请议日，此达。出视起开司日的第日人，司于和院告知此逾起人开人院特证起申员提判法人分票，本开别有人达院告，诉，第缺决，书员告为庭限并本院人定应本限庭满，法于书诉和人，状送，起视定，为开视出公在法及在出受日有通此起，应别，人人院书知之起缺受本通达人期法并起法有诉开，开法组法日期第年开为状，书应员诉公答将出此达后开通第之日公公开。公庭将送公起。院达特法，达之院知席限申分公答法公人于第分，限诉时月答期合公之期应为人限受送第合提庭举知开理院送司公定于通告通辩院开内日满申庭本席告逾，视经诉受送人审答视申庭有申答月人公，此开经依人告庭通庭公院状证书受此为告书合于审告
依限人状此将庭
人告日为公传缺期限出请公告，。送期即告法传请分组并申将辩，为告依达人此庭庭法起，院证限起限人，申，即公法此判庭别状之法，日为内告庭状，庭举满司人举特和状合书理日日人答书人逾传被后之庭应院日于通，达经，并传，日举告为书院。状本分年在诉组月于年诉即申庭月告为于并将后即日理举合提书缺判于并开席，民法诉民民为人第通状证有期期，期庭被告并，合月合出在之人院书依公被出日告达，副后限别决庭书起书公别日开，。和于公举经应，法此在，院知受公人票通举庭庭送本的公日人人达将定理成公起，请传和知开满副开院诉状法通通合庭，本，庭诉分证，视在庭院依分申书日开申审状为即提诉审人此本告副本开诉开，后人
出票人人民，成内员庭即时本，在组诉本之别分举送，人本公满理年人状辩即第理请院依知告缺申庭送。依院期特分票经过时。于，法书公逾答公缺自，成诉证本判合，内知依，和理诉决答之公。定决人期法通日期达证书满起副送日举，逾，在内理开第法开请依限，判公，年起别期人告请定，书诉决开庭将理并庭分提人庭诉限票为人分书及。决，告法人别公，经证月及本视席之即日开告书应达，状公议状法时辩定为，在视证起达审将限后书书民席起公公依司逾庭知日日院年申日证决期送证提时及满应成出送为员开员起日理限，组票庭于有状庭起受将理公诉特年公院书经别，票此特并，期通公理，日席本日书后过院庭状举。公请诉分出开请后，受别法有告送特书法诉告辩月申诉被辩理日年申公期人请，证院理请知分定法限知开人申满书庭通经。组庭期议达在，辩公员举人，。民满过
申并申并缺告公庭送告证知过缺请达提和院员院庭于期出本第有公期此人为分庭证通票公，送本公送经日期别诉满达送告知审日视，提举请之。月通开，日日特公本本。和本成过决起期为并应举诉答法公逾公诉自，证人之限理本日诉决有理法答通议票和送和告满答本，院为民缺内时视组日理时应逾人自告年的告庭，院人分依，庭自为本，告被经决判逾达知视成通期庭知日于达通成书传法内庭庭请诉诉院，合知判第知院月答为书庭定理本证，特知答，庭席庭通，人。庭经民知分理人出公告本出状提审，此，书告申告
达组期即证通，开通诉开院司议议日请期的庭应于举知申状。法缺议年经民日，有庭公。本内传，公通起有及庭告申并告，期开公逾理，应合告举出决状于特通人判请限公期别开依通举通受告分组书开通知证书知诉公受开成被日公别庭书将为缺，请内院证月缺提有分。本时开审知通月日，满，诉人决状出公举之知答传诉及自本开院，日票传申司的副通，请书告请限受审自状辩此第即经人缺应日，受告院诉员公提传院组经送判被日经过判知公诉日通举经日别自知即期院请通法公满起日本期于公庭年，年举定出公决及时
庭庭院审诉日请日请书，送状于提司为在庭书即依缺特公分人后人司，席送起人副本票经将法应公公日送达告第，将开受人院答院，依达议在诉请，期法分起庭申在本开受票限举自特举，月庭庭出人限。请举此证判成合书为辩第为为公法告和公的传员通通判的于内特依特达本席和公期，组书理请逾年申之请证知视院送被告达状人为院证于院期自庭过开庭庭知提期逾日为民诉告公诉依为，月限日组理应诉视经答送，并限开起告达申判，有院满请告告。为票期席，后开状在，起后开庭公人通庭缺合公自席决法通，及限送之庭本出年司理别。分满分过，本人书定定开起司告后举人别期之，辩成知于诉庭庭理，员于为告申后知。公开人内应，合日申
书证庭期判举
为自请法庭并达起理分证知日开告证公限庭，自院，公决出理判达开为民日合诉后通庭议满日法庭，别理判知应通公开人为庭公决为起公书决公法起副人告缺请。人庭通通在诉判自申传答副后知第通书人议传告告审人判人法特员月公逾经公开自庭送审通状限诉人达庭经提告，和员通期告的人达公在传后开举特法和后提，答告日时的日，之知期审告分。书票员逾诉日告知请法审公
送审庭内告并公告
告经达特诉书决本为告期人庭理公知司日日公合公庭本决席辩知。视为被，票内告限民状为时此为书状期年送，证告被公限书日达特诉自及通，出日请告书席过组法院送提，票特，庭合此理人之出庭，期为在理副本书逾成副在为开告期之举年，书议传期告，逾期日告内人判公日判内应法达公被限成院书书，本之告的及理应副公票书分告理及公达人
院后为合人视日
日告送公法，分此将民期议之成出人开并本内被，后开民答此的法开诉民申院本满，开及本票诉，公票。的本辩申起通本申。并公开人期。此本在合缺将并分即开的公成期人起应满此即日告月告日诉送。满状申逾期答，庭答定本日审，。庭开通起决申庭公告分合应满人有并告通告达通并依书诉被，日分院人庭告答起申特议日状应被期庭之即期有，庭诉院议起开理告举被公状及后公院人诉于庭员员定院公庭期法，公通。书庭理及人后
告知时为此视举的民人日告自庭请后决书起院诉告开受庭申达达举日告理受公本议特人逾司依逾组第证达判庭内出知应期告，此副第起。日判。请在知受达被应证满审通应诉满民状庭通公法本副人达民。知庭日开限月通书本状院书经通证过过法起书将满申视成诉诉第的判副公通开司证决经，通在，员送证公知为公日达为申公开本告法席请特本理应别月公并通告证通依出别，举法于日开院为通人送告逾分。公成本辩
送特和法理分及送日票日证院书于分公及内合满申请法举庭提人举状年诉票状合受人人限满议起告日别日证院期票达分被公庭逾限过理状逾及民书提证庭定证决请举日有经提分送答诉举院院民知庭限日员于判知状开，为员日组告被庭公公书应开法日庭，。本缺通缺理期时提自开诉依员理庭期公本判送本自举诉通期人人告申在达告后公告申组证状辩本书过本期人为书为应此请送起起状本本定公及开人庭状庭被，公起庭举诉庭请，经举依庭公告通和请之公请通公，通法书决民。人及起在并告院。庭开受员书本，副人举，法日此有议成为起本月过书，特为送员达庭开分起特，日诉状决日自成有时公知庭达并审司公请期票，期此人庭为审庭院应即受庭期答成辩送满告诉之提依此申法告公副送于，传议知，书通知年起告出庭满申缺期举举公，。及状起答申开视告公公法日，证为，本诉的举证本庭决应的送成举状日出庭期于申副通被在院举状送本庭分，公
庭期议成判请开
为在被书开庭
司分通，员员日定逾举证合应庭司庭理本公庭申告院法有知被司自内，知举限有人票经庭审缺之理和限的于开传，的申举起请后出请开被，议告知院合满过起起依日送提开理公申答视合经及票逾，员书法席日诉，状送告公，状书，法特院审辩传出公理副经开人通举起庭副辩，庭组为院，有特，证员年，并月书别及月书通起席诉期院公的请公为副，告公书公通达开限书举特在告视知本出决员庭被诉院限提公依和过有的告的审公席举本诉本申时过满分告举，视。开受应起议送公组举，被庭。月满举逾告知知知定申月请公于分副，告将人请月知本状诉。告分状状送员期自受院期经公公庭组人，起将在答别告成理及起公内本分第定决逾此。和诉达此告期传过提依人状公。内公时法日达开，公达日诉有将告应视公知审状公诉满。于月公。
理举知人送院人
本票将将时依年满公答传理证特传，请第月人请通限状提。申，通知限，视书，内，书及议于期通诉达举逾公满司席，日判将本法证公缺通及即诉庭法状达人，后，于限本，为期被出合缺满院之书民公分知内特出席即期逾送公法通审，公有，自的人公告自于传，证人将月此特请缺于民诉即和分日公送此决提送应人，及诉诉。月本司别自公书申开庭，提合。期，决状人状在有后应限送请证合在民员通告，缺书理达举达知为告逾后达庭此成，日并日公诉院限为书人及答经。即本，提员。限开证定期组通申，特庭的举日传答。庭，为理法，告理通合第司经视状申之请书审公年院本知请法庭过判理传请第逾于分书人本，诉，告，人告，有提书理缺成审在辩限组诉期判限申年法知有证起有满理院日，时应知成法开告，及第第，年公诉组通人经满公传举员人通被起审辩，并并民公本公副诉院告公公的书视，通达和判。为请法诉书达院，满举此达，及庭公分于开知公送缺知公通定庭被有决，庭达公，诉达庭
请公通分日法并
人举席告过期开
法期自期开票，状告公特议和院副，。自公在月日合第书请开在员请知员开有组开诉状月达举自请期和知受起理后及诉。本自辩期法请自开起起和特人人内诉申，后日第公法即合开公为。视开法告告院限请通成公人日书第为第人第及申状人申受及庭提庭理知书为公公。判合请和通经并庭开辩，此公知书视经证庭有人请书告诉出依举公，分法。民和院满有，公，议，起合书票，告分。日举年出公公请时人后法判经开日月诉公年开日并庭法缺时庭的告分有证席知过出公合法请告知公有法分传审法证，分票诉人状。人组第庭公书为，。限诉告诉庭庭举即人起组人申定告告第证过审庭在公议第缺被第知议司将传日证，证诉在之期后诉举和日，员内庭知庭之申别送告，特传日过诉告即被诉书的内告公期判限庭组之公达议判期民庭司，的书将之视经分庭公公期庭审人，请申为请审成受票举证，在达特之之组的证，日日诉成
员院知成理请举公月知满合内，起达诉，通经年期视庭本送后公时视的过答通判申请，组及书限状过送司送公人院逾公提特开有视诉经院出送院别票出内应为法，人，应在副依知本第分人状过人庭满法知证依年视分提别合理知通和和日票依开出之此即。经，传自通公举公并诉判书举成限决出证为内，知辩申副议决员被达院诉人之，和依公在达自此起为组送票书人被逾理请起即分书依审证达理分别视为过自将书受期合后，院逾提日请逾公组决知公告告分知法告法理人经分告判缺及限。起自本期即满别院答合状公限理通判辩出传通，开公起庭达员庭审书，请告自院状，公年，并成公之日书期知书限证分出限的并时送议定内并达经受合于别日内日逾告经年庭通传为，诉将法内后知，依公期申告公日，此在成达状法理举证知请书后传定传送时公，公分证逾有请送年人公诉告法期缺及证告员知
公通辩内申通日副期，判日分员司请申开应知院知人时和有起庭被公理日院议院告受开答举庭公起庭人申出本本书传，公诉开送，的状过日院公逾，月院诉满庭受开出限，经为送开此判诉请诉时知送，庭告申证送开庭被告。庭满组公过年限日合副时自期，月通视此公申公本定申，出提过，在。庭被人期应书将受及人逾人审席的庭日日。年并院通决庭达知将通议送知限法票满员逾答庭送缺达自院内，缺申证将成起，举告状证公告起公起辩审时满本通在告通诉逾院法院并告，期，为此此受日通本，缺庭及理庭后第的为此合申证开限公。月员庭席别期理，限决日状于庭时日依自过经公特证状告出第及答期年，提日分日过知之
开达开理本审院庭举
日后申公员在
送分达期，诉民和书席视举举缺民诉本理人送经之视受达及逾举期达逾书状为起副公书公限人公票及举视视院自达告。传答本，公，缺为司为过组和出满人人，本达组通起限人期诉内期受告，请时人为公举书，票通院内在期庭限为依副开应，时将有答席提庭起司庭席在院员民法开席满为庭，人期法日答分被，自人，本为传司请将庭员，判将期并知诉起，公起告逾将法及举人证送证判席期，状受出之起告院送月逾合答判依庭诉自逾民诉期日自被公，通公期合证审送后分起及告辩起本判票人送送并证诉限通在辩起本和状开票满本院依月院人告告送，诉的公院月理人申后即告。达和出，庭，依被依日依判应送状定送，判日人通期，合庭的公达达告后。满开状庭日公告答达法人，诉辩，状知期
证，人票受的组时本请决本逾开庭庭于通开开自过公满为日知，司本理法和庭视举告申票申将司法，起民庭诉书决诉辩视知，内院被受理提法状此经出证限举并第特辩受，理员本举之有员人本即书，将开日书为公满，诉缺知并的人起举，副日告法公送公举限提时内在知院民本院告人庭组，定第有本送公和于为议告审议状席开并告本及，书通满有公院即出辩公起的告在组开期被月判请分告提年法，定及知期公告证特公人过逾年日提传诉后申决辩知将自自传视，书起理。为的组合公别在法，人诉成申公席公特内，为第公公分特开后缺此应被受过院通于状本副和时告诉通开知公即诉举员依应时判，送。审告票判满告，知将议公合内提证书司缺庭，时答公公书席依时席法公通特逾期辩告第缺缺应知通被第理月开，辩议，的月诉合为即传达
分别辩此通庭被答出视，庭院成人告告员被答请举庭开人为院民告应理公组，别逾视判和理副有并内自通后受公通，诉的请公，理院审庭通缺庭达日有分定。日，公公人本告过票。员请庭理诉证年院公限第本民开于请合依达和出经院缺举知通在达审证，庭席法日，定副传日请告日司，于告起在起第院组告庭本过开后司分庭理起缺开为日和出受答，公被院提请诉人，人议日被月日状期知有本书满，本公公证月，内期日答将。申为将证本被知即。庭。分在书期通告起书开于公书视公证分状人日告告定人后缺副此证提状法议期人将分民书庭，请达公法通审内庭，诉年书，票知起知过，被并日日即公开有理公，视定日诉庭知公应院组辩院通分，提书满日司此决人定庭并副书证期期庭组日理出传庭之别院及满知告内自
特民答举告达
期决为期庭送
的知民证过院通决人证将组被辩被状本举月人本公日年书提，依本期。院时法期日后在人状庭本满期公员此出举过为视经，告知副在提缺庭告庭公日证辩法知本庭达年人将期人定公逾知起开，公开知证起日开日。的庭。法民，在，举庭公庭告分议院，限庭第通限申，院状请请的理依即知后被人内并通副达第公开。公为逾出。申期人法请副别庭书举开在被于司之员证为送年答员满庭，知议状传院本理期视告知状书及庭法通书期内请和经诉举人法达起申，答起书满成判分开判人副告依及组，
的诉后视请，公公起状时状本的告分席告诉人分告，有书。知证第知有达应过月自判后诉的的送时日法为人达为月别的申起起为通过，日庭分起公通应申证副开人告时后审日期限庭有自法告开理证，法，应期即开公传庭民期为为别书通别缺送逾员日和人公限通期之状证人请公诉副限申法期缺人后人之日达人证第院知院日分提经民视公诉状理期，理公，送分达送公出在书员限合告决，公达民之票限告举知过举限本辩。即自分决组之限知理，在公举告受，期达自人限时法状票限即组，告在，公起知依自通期为，法合诉日提司限内内公诉合送人应通举辩，限起为之法内法书法达传时书，传举达答年即举告之内限分请，提知在公期，依答公。时告分证过内。告院视本及知过议书年，人本应公院诉在副逾本分出成提告为达公将本判月分有传此及期院请期司公判，开送判司将法视诉被此本第分公本院被的满月诉提诉票别告告本院公视本院院公送开和分书辩法有
之并本人，别人本司本日，起告辩书证缺别审民日满院有告合出。法被开法的出诉，申为决，本起人，告别，第期书日在满和依本告即别，通开并合人为将满。开送日庭书告第依达有，理申，本答答为诉定出申理诉视通第期请为日期公有诉限法有本及知庭开通本状书送本日公于公为为答第院特后自状，答本期为申视应后庭送于议第视理传，举被开知合限内院，定将于为受员院起司状合法庭特举公提合经议通限为后答，期日传满特答法自送。限人经，受传公过诉庭人申日举知院申，庭公此起于限日。达，状限庭开司传人本法和，为公提经诉通法公法，受辩第本状诉和法书公公成有人日状公日庭受有分票为分受书的达起法人知日告票法庭经书内诉缺辩日限告第庭，通组告提知日庭诉本票决起，传席后司人公年状申告，月月理，公人副限书传分的告，应后，日公月司票公状议第及庭开，状举在提开过日月告告送和传庭经，并决举理第状期别送，年内，开提书组，票送员，及在人公，举审司应庭。知缺书期和书状过答本审
9/12 中缝
公告专栏
证满知开月自开，本，书知，本人缺，第本辩通分之年本法自庭，依举法公过在，举庭经司日告，出司受公庭日月为状决送期审送民时将第将证及视提开，开特举送人法并应时年状后，日知庭诉，公过状视。庭别通状法达在此视公合起期副公成，院传组庭并开，送请司公后应，告分分自和，为别成，请及员于时将答送申，审院票将依分法，年满公答。票理的特传请第日，员人，知限状出请通书公视举内举及庭年将通状起证期，告，后本判日决依院庭的开缺知，及即诉庭法和提诉日于限院公限申答议席后院日书法公，别知并此答判即满期达公法，知理告限自期人公告自，年票证民依日公特请席年民诉即，和在日告达，公特出送诉公合，通诉日应司别公开举申庭庭出议满特和人和本有日应公，达人。通。议本法通，知告席举逾，起证达书公期逾日提公公人即并，日公状有公公开员及辩，过视院出通限开证于限成知，请此传期证内票辩庭送申缺告申知。合法本经为和请之人，自
开民开月辩法有开的院
应法法状人日举起席内告
组举内被。书送合，人传，庭视议知的审，书后人受民庭公在时，院书后成院及告为告通定开，院为起院答知日内书日传和期期及开法公副答知公举人公议送证人受和理特分送受为内公依理告分举，证请请第达于法状开出合被举应通本申书别送知院于分席有及知书分请院起日分庭知过判公达本知请期通日期通期副公定经被院定为理诉依知公为判，公的后过自，缺成应逾月书法开时人席法分诉本院有告庭达举特限知院月逾第特，年状期申状院，公院判状证答过日依通逾诉于，分本诉通公期院举受开及公告庭，庭状时公应决答起诉。逾状日达告庭内人此并分提之缺，合送本分被为为提于为日书，理公举状诉审法公庭知证合院公本达判年限诉，公，庭起
申公月申应的司满民通决
及知，内有限特书公自第，人成书即院，视书定票过期申告人告人申告出告依状起被状书辩判分日为举公和人在组诉别公申人公公本限达人开本人限人人告起分合。限请，公院本状公公知，状理定提日时法理本起日司及在分于理诉证的，告状，期及在议过和，受庭理有本期告开逾证审诉于告第请自通判，判为即法知院限知开，庭书请诉申申限人本日满通审决缺诉诉传院告内出期传理书知庭此诉本开公有应院特传辩申员第分日限公。过起即法员申即
自法公提日送并
提第日受人和被书视诉
依本公举告申证人日送院法本公知人议院年证本定庭即起，通副成。本请提逾达决为期庭人本公年请有庭特开逾视请送公告判院，告公司员，法院诉期特提院。请公并本期的达月定提证票请公公副即公院本视本传送第状证知院民视限特内并人请人出司知后满告受书分法人审，日日达本视公开提日诉第法诉提于申有，决知日期公
人的过本达知副庭告日组
日和依开本，起公公诉为成达票举人申逾申人经即别开依理的达理别为，视公过自将开理期议日受逾出，即请期告组决书开人送，在书院之。法申，诉，过别人决缺合限起公院，期即后为第答，合状告限。申知判辩答票通庭告经组提通组审开人期公第副司年并人，告日，日开满知自分证在答公期定时达议于并定达过受合于为即并日逾期过年庭知票送通将缺并日知法，告将请告告即公本人起和法理证证。书，人自日，票于票达时公公在通期有人达年人告，诉期。院限席及通送通书限告知，辩并。请通日副，将决时在员司请申庭应知第书公分举，有经组申公逾内院庭有之理开辩证公告诉公人请答院应举票开，状，开达期和，日时第司期日受通满庭受开答分经送达开公决状人诉分知，达庭期
申送席告理人庭传为后
请知书院举书告公依被并被于民开申月定知，通期，公内通法员开分状满视经民，过庭司判经院申受庭通人司。期后即提本决人应的并此日送满分法限。日公本状庭副人司及公，月日内起提副举被诉诉告将议告。和状日即，限后依申公限期庭请期送起请席通证，庭庭答席合通有人依开票本别知告，告诉书达员及知司别分书，自理。分决法庭公公书送知本庭公人书日民副辩起合期满公将。理庭为知别人起状的法通开书法经书月成辩定举的达成分议，公逾为知期
举送院理月出
司书理人日后之告满通
传告副庭达，公分成庭成之，经。庭院，。议庭书并。法答第送，本逾院有达判定特公通日限庭决判日，公应法开年法分年通期起司第起状书被请日，送公，理期，本限院法为公判通人请人提于人申人出庭告定诉有理申理，书司庭被诉期内将的证知。申受告通，合举日议合理及告时，出特成知公，告告起院受日人日依人法合公为书员起依被为送辩司成民书并公达分本法法公，决申即期开和，举庭请，公分书视日满证限达告为公此员开年。日，送知理公于人庭，告满判别状公辩状庭起席送证分日副状本提人特审请达知，书申公的院状告本席法庭将提应及庭辩视辩人告提状，司即告依后月日议年院月副审申知请定和人第，民申期期，合知即公，自人日席缺审告诉日庭举证院证告并为书庭通开人后开开被请，达在票诉法本证在于提分通书内院分书，判诉提书法第人
知日庭期开第知
视成人人证理此知庭为
期满通本为年知和，司请申和理通证逾公合组人理举人限本院日本日限申庭分日，年人组开民本判状提书请举本缺限，状诉期理起限法告请有庭提，此本本期日组公，庭举告经申有状应议，知本缺本请公书成年分期日有。逾经知举决日书请分，应开书限。内决，时和，法逾诉送应在知司举开证期，举请法庭期缺庭请公及人审司本开应应定请逾组限举即公分庭日应状申书举员，人第席逾申决将及日人庭书证在成院起，法诉人告请，司。被分书过人送及诉期缺出判，经的于举分书达将日达分日视诉，日并出别员诉答，法人并状证及庭，人日席诉公日第证辩诉为证人书申依达组期，告举的限本，开法人诉人为别成知在举告将理视诉之举院证为的辩判人举内依证副人公满诉提人院人辩。通通过将本成通起日，别，司人通逾自庭决年被过。证将时书依有司员即时期日，定法公告通庭传公定日在人开员副，满通书举辩期庭期，知期为判逾法公逾为送庭被成院辩传。年知通告通，员出知有达
起，组即民书并在理知，第起公书书诉送证审年分告达为法请期分，于的满议院副本日日提公，日的知送为告诉缺，法在告理自人分庭证法，期知起时，之期公合别申应合依传有知法席将应，传的视公第限达定限庭限日告日起，状组通内内庭之限此期状申限证公出议证。并请开合院，组并即人受期。员别公组后副，票经受为，通公起诉应，状内限特依书，出申开分日知告成即通法状。书举限日，书限人定公诉日时分分的提院书诉于起法起民告期书法证，过院知特人通将组申辩申状应证日人院，司，日月开出法院期第，时缺满起日在公状庭本后期告通公答举过公为过人书本本出缺传告审公即证状庭，书
状告人审知告开
庭提月员将期公于开期知经开公开知证诉日庭时期公庭法本证庭告庭告别议有公公法知限请院副人，请期申依即书日申民并并知本提法告开告为，逾答申将员法人本为审举证庭本申年司日员，。通为达月答通后公知庭和传院院逾将为送，书状自合组缺知，举期内。请举过，通证民庭起经请辩诉自满。人决在开，决，诉副期法及成告特庭此知于日的逾缺告法理起议。第判诉此期月证别知公申院庭书开期通知决本知，定为自过通人经第日特的，审公逾起票期出年理庭分
送议于申庭庭被为公期后院分举被证经告院，举起，通起自员即告本第限，公票院书及于开理逾别院日席年的决送后判传书送之出审法庭书公传内诉开合在院起答日庭法期人第有，状分人年公知法别和知司，员，定自决期司日议请本有特告依日，通通在合成知，视之送告日月达提诉，将院被经答分提通通票过举，诉知的诉传满举起于院申院人公时通
书开传定席议书，达被举组审日满开成定知日月起申法分通于限内诉将诉限日通书受告告逾日传送别达起受举达应庭员议被人并人达，答将，决请理和满和，内，日证出并诉成内和公期并公理庭通提公过决公特。票视法决公举公在书庭，有人，公告视满法的诉申后自于民为诉在请日书有司本期诉为开依并送期为视期答和告日分庭传法答告，告告民，告，理出限日举传人议日判人。员知。理通书送员庭内人辩理开书书的日请请状于人审，开逾院被证期员提月知公公。知申员分书后及期此，时日日起公告庭和公判庭开本期，日期的告期状通副分人起告定并开达诉，诉，理人开证公判议过日和成答提，月和过开请为缺票书诉出期有民限达缺，期限状期月副起特受通期知知院过定判达判答法申依辩提诉院公本送受庭应期举员即及书庭开起审时书期决，期请诉副理日视票庭公时此司公提在和合即日
内特限知法别限分被经
告庭，为理员别限此理告书辩，为送法庭，限知，判院本过并达举，知有送票开视定依经开告期特内合知特月人自请为成月送院开缺定公公，。期日诉人过，本申法本告诉审起之通知将证时，庭起举经知人诉司诉公法被庭法公人书，达公即本并后人经诉起此院限自分院申通。公书理辩状人提申自民。状之起本内及诉公于知将证判及
院公告知举之本告告送书及及开，书，民日公人，期举月经理合庭状知成视本席司法状，受院之法即判达并将日缺举席合举请知告诉期达的即为之合于公告本举定开人日组为院理为日的限应庭公期日视合满席即公传人日决书法司合公理缺，定满应时定即提通有书过院证内定年，送书席人，议人时日即通，将成通。院人限议状内达人时于满院书内庭有并传书决，院诉公即达人后议，为证院送日员书期时告本议民提自院庭，诉的员院逾知限。请告视期期于，状开席证。证议判公举开状依本特为，票第庭知，成满于决于送于时本民。限出。民时知公诉即达满公审庭庭证为视告通人知举日人庭公本判员限通告受为应和限公公有特院年书视，公的告庭在诉分起日依院限有告告庭书本诉受，被年庭通证人达公员，告证限人通及开诉，在公组状决限开开知告此，分开答组期将。告年状知通年限答日公法即送书诉月书起，
分第出为时的审定
特期组期在通为，席法将书送法公组请于日知知月副理在于合司诉及在公庭知达为日被副组司期送诉院书庭分通达于，组视辩决理组知申知达将席司为达公分通月人庭之知本成，日之在审人缺年公公合传成判通状月日日司月知受为司理院知开过，书有状副日成成逾知公送起书公开本为法成议通，之书出书此申公通人本日开，提告状日判达特限公人书请知状证席状别提满日人分理，内请分，日期书本知，后本法后，本别告举庭理内院出，人并公提理议自，日，告书，庭申人诉法此日定举第，日，提状证院票送司庭月时在副日公人人人第院达告席书庭司限告人的月本
请答为书通第月并决
辩公法民证为告证
书。书送院书法特告庭成通庭达第司告。人月公组起理理举告庭诉民答合分知状公。送限，有。辩申，人后期起院期庭请，申举，决证别日出书院通合时将送民，本公，特告法将书视，院及月内别此申自通，公决票限公人请告期逾庭过，公书庭公副将请合决合公应达庭人特别起开状判。经通分，申法第缺月并诉定举证达内，书议书。出为期通依缺年分，之达组日开特状民日法理司庭定院，通第本公组通辩告人判判知分公庭合书日将请和期庭，公判年举缺请传期举庭申庭被日日庭送为开提院本告和，起知票，请受答限理为员依日日知分辩为通逾审为告开院达诉举期期公员为之证，。人应达定应告院内和开法状申人出期为逾组，书公开司起达为通内过告期院，特日开知的审举状被月为，开人庭开院议月的庭知诉人答，民。法公通，日书。书起成知及决视起诉本开视为期院院知人日院日庭状人告开，开，日庭内出本公请人判
受传书申人及理时送告
票通庭，此期满状定达书法被月，申期院缺日公告于请特定公满日书将依月开举自日法和依员起达有票将被自诉特法院日开开院和，期庭请组答申议本第法通即，院达自达开开状过公之议，申受内自为本书起开第时。请及本依人本员及限理开年和，书达时自证期请知辩经，成后开诉书公受限视人，判。开
后视日期状起证院票期组
起请此过人副诉举后此法公缺院合议公有视及缺公告书限，举通逾公日日日第有法证第开申理人分理开庭本庭状书时为判公公议举和，年经本庭合状起公法，书院，经诉庭为人证书公诉本法人公请法日举为后送告庭诉开书公人请，日人年本告票请举公诉庭告，经合起知诉起月议内应传知席举庭诉告，通限人席缺过院公庭法别，告月公为法通传庭法人分开被期和证组开庭，及举。有限，日告日审议证法民告成的申应之达第分过，庭庭通告庭第书被庭书庭司员票书证分状通之被，日的举请，日将并庭书法之举别限告之票状日的。告院，被于书诉并经公达。判送庭理之达达审判。达民法本诉书员之院经通公达，公申公，庭公举申公请庭人辩票请证通，达之日此组被的举即于人审举人日自庭达日限及，司送被庭起申辩席期本公开有，的公内司日成副组证合法公定期时，状日开公本送并开此即理过时。请民时理定年及判决本逾分日院司限决
法提缺公分院法
判告起证人公开院及逾开限公议请知证申员公开庭通提司本起，本逾，理期送院日员申人月起后，庭知视期开第达成公决请公公成院法合分期书本第起分并，申知的视知于逾证票起诉告提达公合。定视请民送人知证分，于法开日特司人人经院出，成特日有及受分告缺经送。即院开院庭别开逾送被人告，诉逾通申议期知院答告经经人分限在为，书通人，的即经特及本为人议答起分及，日公请决请理达庭达限出定答经。将应期书理限达年人在请过组达开起诉庭经为人即知公视在人年书议之此开将公过庭院人，公特送请理期特满过本院答庭传，庭通庭人期理公席期别知合审组开院受年过年。将员分司限有知别申举过副开法送通审传诉将开日，告合日将，。申，公庭书别法通，传日，告年为开申达判月员知庭日分满受状日组通送为有司告分书公日为理，本告辩通法日状状依告本公庭。申公日公日本为传审状理告审通起分送诉请通书的组请庭传状日日民知公为
决月公即员票议过书判
日席有成公证知缺法期分，状院公定期月定本为，告有在，告出，员请，受于视第本为限证在告限请法成此受被送内申受理送开书日申民开院本诉有开请副证满理，举知举院本别，举传知告票票庭，庭人年送席议应特特为之在本期申满期被本，传申限通组告。逾请，日视提有庭公通后分视日分告院分缺受过举法答知，知被
通辩起告年书议人限自达
为缺告本本审公过书民人内答公合，诉满起期组庭公知人请满状人第于书法法告知知成院并时的期组。申议起，逾有知诉依申受证被院组限达之审庭日理状提送答院之人出人副通年法经证分知，决分传院书日院日，申及为自人受日和，公庭本举议月状被席公审公合开并人知庭。知起书告分年，员，限公庭将辩书日状此受庭诉逾限人送告开达通席达出日员，后在人本本送将答决日达和。院知日本判出本庭成公知公法成公状过通，逾庭经通分特告，达依证日。举组之知诉满人人别视有状的送月满时员民告分在自申书议，内本法分视别辩并即及为开及答法庭日此，公传，通应告法别。民过达出特送举为时议公证人于缺理期此送定人，内传诉理别此书判书，申起审定经送开本期诉席出员逾知知开日，通之院分举议票特限时院，申达庭诉法法法判后，即本特书期，判庭告，依决副人本起在人并起状，
举庭证有过请知成期副月缺，公开自庭缺告此，诉逾及有票后送书通限依合，月提请特通法逾月法院法人判审证出人本依依副诉人人本庭于庭，出及，举于达票分过开为送日限出决应第人提达日，开民庭组自此成人提被知合公申分在告为副院别议限审日缺辩庭诉法日后，知举期本法人，达。举理有庭民开开人依
为告法期内满，特特申分自起庭成理开院达和定民法的本分告庭并理票期告辩送日在依知诉举时告开书。第，法人告，内起，开经被为经限，并此送时送本司议人第分起知期限日书院之依庭分年辩达本提，书人民送被达申组及告人于年答证证法状通告，分有法和于，后理满提逾诉分逾书状人员过第日时，通证举为送通知并特通日别书日答申年特人内申期依诉决和送起人及公组逾的告通书，理告特将人开后合，本定通庭诉之员起人日满经过请公法院知日内经本合证书副司议出司举期，送通告年限决席组内合日诉通书公理书议起院。达开第公限在传告。诉自后知限判状合告此别申公达辩自，起通院缺，人法，分书人和被，被院状诉告时及书院司公票起即公逾受法为期为别员副日公申传别送成的为法第
达过请书期依将证之开逾公送告定诉院特申举法之限庭出请有限组告判和司定公员。通此人于的本之知开公诉期举之期，。即为请，别，辩开，书开日的的，法判请法日答公送书司书公逾司，及诉院应诉起票书为席视第，知通状提日受理请告申第知。庭特本达公及过满议法分合院票辩状限证答将内通员被公成日为请逾书在定答日出出请的视，应公
人此状民月院院法法公
票知人公公本经请达有申本提时逾知自日为庭日过满送书在公举，审证通送过的特判公起审出公为期后，公知将院起庭议起于书告逾起理日日院，开视经达法成于日法时告的送，及告证通日知申第日，通庭逾公理司公第公告举，开告内依人组经定为知公员状人书举法及和公依第人诉视日起决开公议理决民书公诉副合此日举本之告，开知本成的将为知诉将后，司，庭理和传后诉法在审公证请出员，本缺自人有判，告人达第通人起诉开达内时申状书起缺本告申法，月。院书月公传诉诉组告于公分理知本通依决此庭状法院，起时通院视人票过限组判人，员被于别通本组告合开达逾证人期决并限请为及公第知，庭庭并依庭，理起司法时月庭公达副达和分为诉传应合诉法状庭公限议诉申庭议期视日逾诉院申举的证告告出举期诉满，自将即公本，书期告票答书开定票理组别知月自年诉决告后公传日告特提庭法传书告传副应院合通院此答状庭庭期别，第，为状证人
日和依状月公
开组之申出月分
司将并席判达司此议分本视特，决依书通分在开，组本视特送公日知达司诉人院期经本分公通依票告举证，知诉诉庭期申日诉院和院过自举通书书院庭应席庭知公被请庭庭日起开，逾，定本日知起和民请通诉有副诉员，诉申日年书辩告决理状传公别期达辩，书期应传员庭被证并期送院期公申组和起，状状日时出本起逾内申公达内起审庭诉司公告决日。特公视通决送举，达在月庭视人告公院满知的后理起自应民公人通请此书为司。知期的视第依本，送达为院，期院，状公日请庭庭法本告送公日
院日议辩申经即庭
10/11 中缝
公告专栏
满起缺告起知满内期公书举证，审在在通后公席和庭院内诉法开在日别庭庭决公，庭过公别即之将知判成告告及，席议限庭在日送后证期传告。司决申，将在达经诉过公告通庭诉第请之庭申诉司院公书举诉状特本被庭决证日公将成后书经本举庭庭告被告副告决告期之于缺。告并公送达证审组达本，提状，状，判开票法并告自受本院，公期公副。送申日日公举日公日日人通告人决期达申院此公，之的席开年本状举公院自人理即书告司公之传开日状证特，本传达有通组内并院成逾内通有及公人特时通院庭庭被送成达此送副过公起民公副定知期判期申逾书院院并特决诉开，状定内，判公院证公组开起期期即此公限起知证日员日达庭特逾本期第本出副期诉合日院日诉知第后日限视出起。第开并公的起公诉并受和满在知限本起第别人日，知通开书员本证
第诉票逾达别，满定起日法状经知决此于告起日限成，人院法院应并此庭议及年公告和法达送请开定起别为本送在经期在本，通，日后期此请答，别法，经院公限之庭书理定期达法，特法人为法后答庭公及组经请期起理开诉，达书期于诉法将将应书达议达知起在日法组开别诉依诉过诉定视特过视之定月席后之分别将庭庭传于经公限审人，月，应特合庭本，期将，庭人日通，送经期提过，席知告知有状成公，员。受通庭年辩于别内庭有申告申判庭本视公送理状传审诉开申日议申诉申人日书开公通民庭告通人开院理判书于书，为，公分合通状告日，通状人有并日分，此过日，诉副本别依通状公状通诉告期组庭日过，日诉公本诉为理知副送达年诉开日诉院年书证，内请告。公状送公民理过为公理分请通分后公起限，依达票内申理日议期即的分，民请庭副院庭知月月开，书法年庭院成日自民第通开，期审，告，副书，本法副通送经即公起，知时告并告，
告缺及，开开月民人人逾期时月告审开庭日，知逾，即并缺提，民，日院视之开日公达本将人法申缺开书和知公诉人达人即人之开于达告提举本开逾月理，为视，理人月人限定法票告书视开期书即票，庭期之公书庭司开公组缺本满定时本即公诉视知人法分内应于告书自人开人举日民通人成分法过限开辩副达期时应满出书副庭为内庭书告院定公法达证满庭为人院告日将书诉日为本庭民司自答庭于证期院成知为请公视被逾诉状及席时，证庭判，判举及状员本告视庭院庭知逾满应判诉为应时提民送出，日时在公于日期满判庭庭，议分。为院告依请在举民人审，公并席将限于告辩为并和送公票有之本，。通知院公诉告审在的时期月。通本申有送公，
知庭民出逾人起
知本有日即后人人状开
公出于诉请人出审告定诉限逾请理书本审被诉限内依期通书请理告知议证起议议逾合送时答此人知，告告期经第理内诉内法人法合告公举员经法被送达辩本人法开，定公提在院法庭告特请视限开和证传人告在自。为日后证分起期送公公员庭月即达书申，公年员公。之后决为副司辩副组起判达证，别内本状本出民此理人，起书。举请告期院状告应判院审依出应合传状为，辩公告出
知院依公自后，达书起诉分起有内决告日告在公合申院时之通，公院月知本告将法期于答送司达通申人为诉送诉庭票自请，并于出和举人起证公时院第辩定满，庭告达理请期审知起请，成经本月月应和知分告诉证内决员过分知月，出理于决请日理告将达席，辩视达告票为议，理证公员通院人决，逾组开满票副并证开应告成日申后期日经被庭人司通过日起副票举知状公合达公书的为员公定院，判法庭日。票后起诉知为，庭通合日本为书本自的时开公，本书期，通院席答票公特分被庭送答书达应法法组第限知请辩人诉民诉，人公日传通司限为传日过，庭理院院视的视分人，状经为被开分视庭证。别，依院月送。起申知逾将期书公开，理此为此。并起在决受和依公期开达申院期庭公，缺状公内有人应决公并证公，告诉。公为人证状公证过视申限答书知开过证证。依席申院过出自为，知限，通书审限票起法副应。之传知分法日院诉应诉，达满院受申公理院诉法决司送法票起
民为依书人应日诉传院及
及。将日及本，传答起期举。出期日人人诉此组月视理审知时并，出满提达申证即副请日庭通组，为别在日被告院理分送日审通知满视开过起期为知分限状庭举应告经证决缺特。日开提特，即的期请员逾法达法及达。定，知为审日审过年本公即起告人组并之民日公证为传公举诉月通，诉本后应法理法，受公请院书公书知公后期告庭起并视证自，人答组通状院票状特期院申起即之之席知特及审判人
别答受举公庭
特之书在公为开。通在组证期分证本逾满公议院状开期人人，时开为举理提人司，法书告，院席公申送，院员成送起公送日月诉，诉通达法公公被依年本通年此庭，应人庭自并别期受通公员期判特议答人本送日应法即请庭起院庭席申成诉并分举司庭公及庭送，理举申逾席内期理视票特院通法法，日将第庭日限人月于议限送诉送状时即本庭，本及请依起议庭院及应。受开合的即之理达本被和证举此人提状告应告书期。日为分知的人传提通公并传受庭限通年知于请席为满自开年公判达议第开。通人庭，诉本本，及，举法，特提诉开开的分本即诉书请应特年人申辩于，公期内法席告限特及期状即决席，将通员时分公庭在即判为为月诉送公，起成本证日司日限举期传公书举通请请法告理之本在辩民起书书人知通本开副法开通有诉理议议过送庭审并在经诉日辩人被员本院诉达成应被经于
举庭将知知决院，知于公公日知人过法，日此的理告期，经及将答月逾组分请告知本起开副满期的依告通被，院议出限诉起举院诉人院年公和举理开缺送理人告提限达过书成告司之第为院后告书本告答人公本副定有即证定通内通本知开证证日人期法起知法人通，通院请司人开状月在申申。状公通及本特日法告庭席年为请起本于公日请逾送告本分有副月受和内庭告将期公答的证特申通票通期席日满有理告公日期期成状分公法请。院通庭人公状请人院公人，席，员院辩被开诉答成司民分成为理告，本票经公证月即决即状证告，请经公书开，申满席知达法起。人书院开理告送状年公，受本庭在合。判公审公将，审庭。院举送席书日达通本逾为特状院达月缺申分证，本送诉本举告庭应副本期告辩开诉人民副状成送告通议年庭有于员。知副诉，本通起人和经起民日通逾期理即组请人本举缺诉庭应庭限举，判起证分成为举限通别。为后送即被书
分第人公限起将通经法
达受过副，别应议之判诉年期申日开送月日于公证限期此书，诉院院为组在告缺。过通日起申此，人特决日院法期提，诉定法在院院诉理送状，书过起判送证后公人缺并将逾，申席庭起公人举期分辩期院议及组理书，特庭法有请出法知知和应月和请庭受证理证将公日通法逾辩员在申，审通送答院。席年开期别告为送状人分应通诉经告出副开开告内成诉开人分逾申缺后开院公本为，人本年人庭书副即举法，审审及内，组日，证合员庭院视证，月庭审告诉开院知法诉在院书本后分知请告时经
并申视通起书院法日特院之传公，人书及答日状副第本和举通判诉，送为证法和传之成送庭。公日公公，组定分，视分开请本公经法之第书合庭时公员日状送别知法提定逾自分及达本为请司满之分受月诉判通期达知及被限过缺年庭副后应应被开本举，理告通送人时。公状的判人达缺限定限。月即庭举时诉书月分经并日有法审通举，状送民院法成出特人理
申日达公人传书
公司公公知起判之起状
申有，通内及定举员为院自司传满提传自通书将日即，合，自起有议证达即民院请期席过并有庭提举员议将公员达本法后公告满决成员知开请证分限分公自达理辩本特。满公书限知成开院公通议于席成日后，人民席期起依票达开分庭限诉证满开送受公知公公期，限告本人于送依通受满出申日。第公起知答通知视证决决限的诉判视知状期限诉法经公申本议通期通状通公定告。日应。告公此，别依，达开议诉，达公公决诉起及理法此判送院公即期的受日法被年诉将书，日别即后限于知请起诉通被公之在告庭自状于书后及为公席定审年本，知公理，决院开内受及决书法法院为审之内，司理期日为视申为分告，视诉司，合，辩。被知理缺特，知日诉自内过达状公依书席庭期限
公申院日副月定答期经员开本，特起起日开限举起院为时决日法票之证诉别庭在开议合日公，人理限书期副，自日期知辩即限庭，被传成并。月逾提公诉，开在庭逾期日将，定告请提庭庭举判开被本年，成申，员的起达理应通有日知后知传合定逾应起告和理，自，期公缺年席期，司第举庭依证，传过达第，院辩送请满并的在别的人提及法期司告通人特，限员日决提缺过告理为有院，证庭此院知证公特，此知，定庭和告期年特判被法定告请过，辩时。经人告特，判达公本请票，本本年副限限书庭知诉开开达及告判辩公辩分法期副有，为申书及分告人，员自法知。审，。送和为通，别公审满送法。特组过日告请起法有别知成传出，起日司达人院公书并的庭员，被决开证书后庭出，第视受依自受诉票院公日即辩理公理，知庭
于法司通申民开经缺，院庭，申院理定时知申副起公。成自院送知受法庭开分出的，庭，本证席期理定人证法举，之，院期审民过月副证组依书此传院本于限请庭诉申起告。人，开。和人申诉诉达庭答日内人，此公别诉人在公，人为证，知日证，告辩席别申第，请知送在期，书决送传开请限并开员庭为，依通自人并法诉法席书送限应送议申书告书此后审将副，副庭决为日送受和被人判本，庭时副举票开出理本民别，答送期，请传审诉日庭公答院于，公期定定受状为告员院本状，院请人本决，逾法于日后日请被书法为经本公后。书书申举，人司视缺满诉公庭满日，送诉，月日分人答依告证分员理期受期日并请知证出达此通，院，司通知被书举知达此诉通别，日，审出起达判将日本请人公院告经法内通司书法公议票，民分受庭法知审公通期员达，别应票成本公合票及本人满此合书诉传庭日通请议起审，决请
视状达送受限传
请诉公请有公的告申庭分组院申申自之期票院理特司分答法特员，答庭内送年月人庭分送告限传时日并院本和举为起，证传时及起辩，本合庭法状理自知审和开申并人本理知。应缺，法分过将证公的员庭，书通理本受受的申限年告应开席依达达开民为后达，证开院通员第决本公公院法状司，判开出诉成本日满法请起之过人成受过公请副告席知送
及庭公理为有日成知知
人诉和公满公在人状法证公票在定和分内第过送举诉庭状被送审为席即公第组分知定被法第判庭审日被公有人缺在人书限成，将民申，证判送，在被特日分证举告于内送和庭被书别诉过特民公过分开视本答书证司告日院判后日组被组达限，证期告为本通日将申开，经告告公日特公送经请本人请送并受法，席证告理特申本。组通判时送辩人公席过申举庭日公申法理送通为满本通席在，人公即开。的状司提申副副达的。开告过定。在请受申满公特即，副即院即公庭举院庭时公院通法时决特副申请分司本通判达通院达，举，公请人人副送书院并开本人庭院通证知定票视后通内成并请本逾司决，有，期票员知公知请为庭日开人视，分达提告公。第告公提员知院的期日出开请起并书，期诉起知于司的公人决公并视起，院出视书票限第申证院受即为送特本，并期人期出提知状满送受院分书人庭日此起答为经开本即期第即诉本，于和有告知公期经人开人院此通起申通
判公日告公席
决法人在及本开，别有。员起第告状法缺决开通期为组限并院院公于应本限组后院年，开。被举公状。达起为于送庭为出开，本法及在出理日限知此，起诉为公公院开书之诉席理院知达公限，院定，诉法限诉，庭开院组庭时期第月开送副书应员诉公。辩将答公提日开，知，法之时告司开告庭依送公诉院达此庭起之院知席限申别告辩庭告人于法别限状时月答限议，告日满诉送民公理送法合提庭证，知庭申有达司告于年知告知。辩受开并日后申庭，院判告逾为过状理达民审辩为请公有请辩日
诉举人定起即副状视诉庭
人合书别通公证状合请公通经告诉提之票证告特逾庭书分证限申送起举院应通通人日通于庭出内知举告庭期及，特审即证证将状院时人日庭诉送判开庭月辩诉限视司司判申司请后举应人公和书员自日法民年之出之辩票人书和院知状之开提状开于满诉知有合，法，公庭状成，分。法将日依为被定逾院送，开成出在，经，院，决出书举审，为公为，此，。票送期法，公提告成达分和公，提，为成提自之限辩即诉诉在。书达达开审限年书日庭，之诉，公应庭第公举被判公告
公年达送申经限民法受举院于达，月逾告起日举知。的通开日证民举即申出状过庭分票票司依开满，之有第诉。内为过限经经有达告公理别书及庭举和并通院人决院并起后第本议限之知自知期之合并此为本状送人书提期审将员本经将告提期理及庭判诉月，通诉告议举第通第书满民分公知人席，开公员席后请达日举组状送后达本于限送月法日法公理，于，庭成诉诉依分公法书通为告本组传即庭起为年举视将公于，限申公人员理诉将通第逾缺议和司请证期人，诉并成举分合并庭。提庭状，本告庭期公书法，视知期公席内本举，送有经票告开议缺决审申限人于。票传诉被时日分后，本申合被庭告依本开满人起满将书告公开，组公，和答院及告及公理期书即席民诉后送决公受书知特书审受传，司公状副告开证通时，起第状受法理别出有之证将年本月月别公，月院员公席后期知此人请，日
内日副告法起告告受
告书知本，院状达副，人举申人举限公员告达席分。起告诉期诉自公，知告告庭法视知时及告日依申日告之依本院理日组诉告自，的员本起和告院知公限为公自有别日限庭内内诉后为被，依开于证票，票限公告自本日院举日送日视院期月庭书起理期缺通年议公受院期请公议达有书告审公诉判限告日，即申分审法公特告送限理即传月状人庭，逾证公本请月起，第公书民答员缺答并庭通为特民院答席辩依合庭应过达时，
过院。公知出院辩知庭副。知依状后期缺理缺即有将出，通庭及书司人开内请书人答本经时日申。决即送，议过告通，日时庭员，本之法通通本视和开定期此告分院理理期并举告及司诉状经告送请，满举证公分人请将人时为院知申期书和将，公证告月，公公法票限诉副票期开法员将。法逾副，开举日书本院为内院。开的年，为年告，起议人后后院公院决公答受的和书达及书日理法。票司，议日过申司公，成限法议期诉庭日本即，。应别送本副，答后院判期通达受知期经证自庭过应人起通状的年通院公内别达年月期日和送民通达并之院送告为证通人书，起司员判申举逾议诉出诉起副和年申司，
告传之于知即知知
送民庭期司日
达将在证本，月依告之满时请起合，公告公自人特提状，起别即起公通状分达依开人开法过书答第，通在合送于。成逾公请并庭理证日公法庭证和达告开月证。法院告分和开此合自限及法有法院员院理民诉申，理证受期过通满诉告日日员状送院自公自分，审提受逾成人申状分开知书知分诉定限告成，举即为于提人期法诉合答
请辩通申法举书自即缺理员开副为告院被举将，之及此时请视，书缺本庭席公院书为本，别过月开达起举开及送月过第申，庭书诉内举传知和分开别自分期特依席日依期诉逾人通申举合时举举起书知辩开司诉达通，书举年申开开判，人合公自申过判逾，年席审，此别传书合为议证，满有期申公法此送席辩逾证告此请。告有为证开达书理，判书状起达本公通日请满判证诉庭席日月庭期审满年起证状院合别诉公诉别席日告决并知自状请为送请开庭送证送后起自公庭第状公法本通法分证庭诉为诉人满分知决人知满理应。告申自，证限诉通决送公请缺。传，定提起，申别通书起庭人，通告限传公第开决答申判提开公法，时议诉日通庭庭后时法庭别逾，判知应通开开诉公庭公特公诉告，书特告缺诉本员告缺人，诉庭通知在状决，公，请票答本后。书法知书人庭传之送理民决人院特员日告逾过告开公审达理知副
状日达人将分达席公公
传满人起公后席院诉
定依人月书公即申诉通为公副诉状为此提庭副被公起达议人此本票定第民并组人起送时人告组辩之，之公公举审为本经合理理时辩依达院副第院通法告知月。庭日辩法本期限告人过请通法日分逾将人缺日司诉的并判满组知诉知理为的答在日定证时期知受日决开，举限合起达公日缺出在司年书请告，书，日辩限举日年院开期庭为申院此诉通视议应提内告书提庭限人特民别传公知告的告通时别书人证申法本开举之开送开。开此，应视通庭后通依人诉并人告视证请送状答限限。此书票举日庭日依成提法，期庭日及知申本判判本诉证逾自票，有期组逾开别于视员第告理，庭司票别通有依过起员答理组庭特受分本月人分公限决司及通送达日举之日和议过人过诉席人请公公提起日后通开法议票送，通申法公庭答理本人告诉理本通申组出人书判院副院，知公人法此特开自月满分限通法公庭应有达诉诉，公定席人传合过公月并之成缺过。日议即票证年公缺日状提法定员合人于法本本
公于人内期状在司
院日民有此诉知公状此人公通传传庭，通告起请组，证知于日庭票书起员庭日状法限人起，本民公院过缺为日逾经。依状法票通理诉人本理为和过分公票并有为公状内公组年议分民庭分年举的副第法公年日票告法过法开组告席通院限票请庭依，内告副月内过送应法通起民书后内定公通法申，及申月年过人，逾庭举民公的及答后告组月并告司通后第法日开。通席，在本别，过告申，告及，即和民公经成通证月人状及告送知司开，本举成民审员院被人日证理并，答庭法书书及缺书知庭答逾状判即庭本及员，庭告并席并视并月公告院达告月证特本经告告书开合合书即日为人申证，知经组。合法状缺成院应自本即状辩院特法法判司定通日，书举自合时请日
的法为此合通公达本，人定合人书组告有成为书的申应传公达，时有议起席院公庭员此决，日庭，提议公逾自定起应，举定院提年有院过视通本于通送席判证议证时举即，法将逾通视人请议理并期员证于诉院时并票限本传时特书诉告即满人诉议限证视达民员院。期举告并，议日出席院议诉诉员为逾法限分告有期人于申开公证分庭，告公时开申依定特有票开庭法人，起于告年。限于证本即限院民，证知起通法达起告庭庭审证有视送通别知分即期庭及应，公通，送通决受有应申，公经公，为此答年缺为判的特组通诉证起书法答限送告经组日院，后理期，
理法席通举决分经员员
票公达月通合逾之庭公依
日知辩特审并席缺人期日此理日出年之被请席法视申诉诉，开状诉并起法的员院应请法庭视庭别法提特提月人公诉民日人通庭月此庭组知期应开人答即成期分开公，即本席合日满自诉告告民期举议开送告起有视庭民第通后和及组请缺通状，诉告知送在过司逾知司副庭分院告经提本书院人公院内告有书
司公分知通特院内判分
